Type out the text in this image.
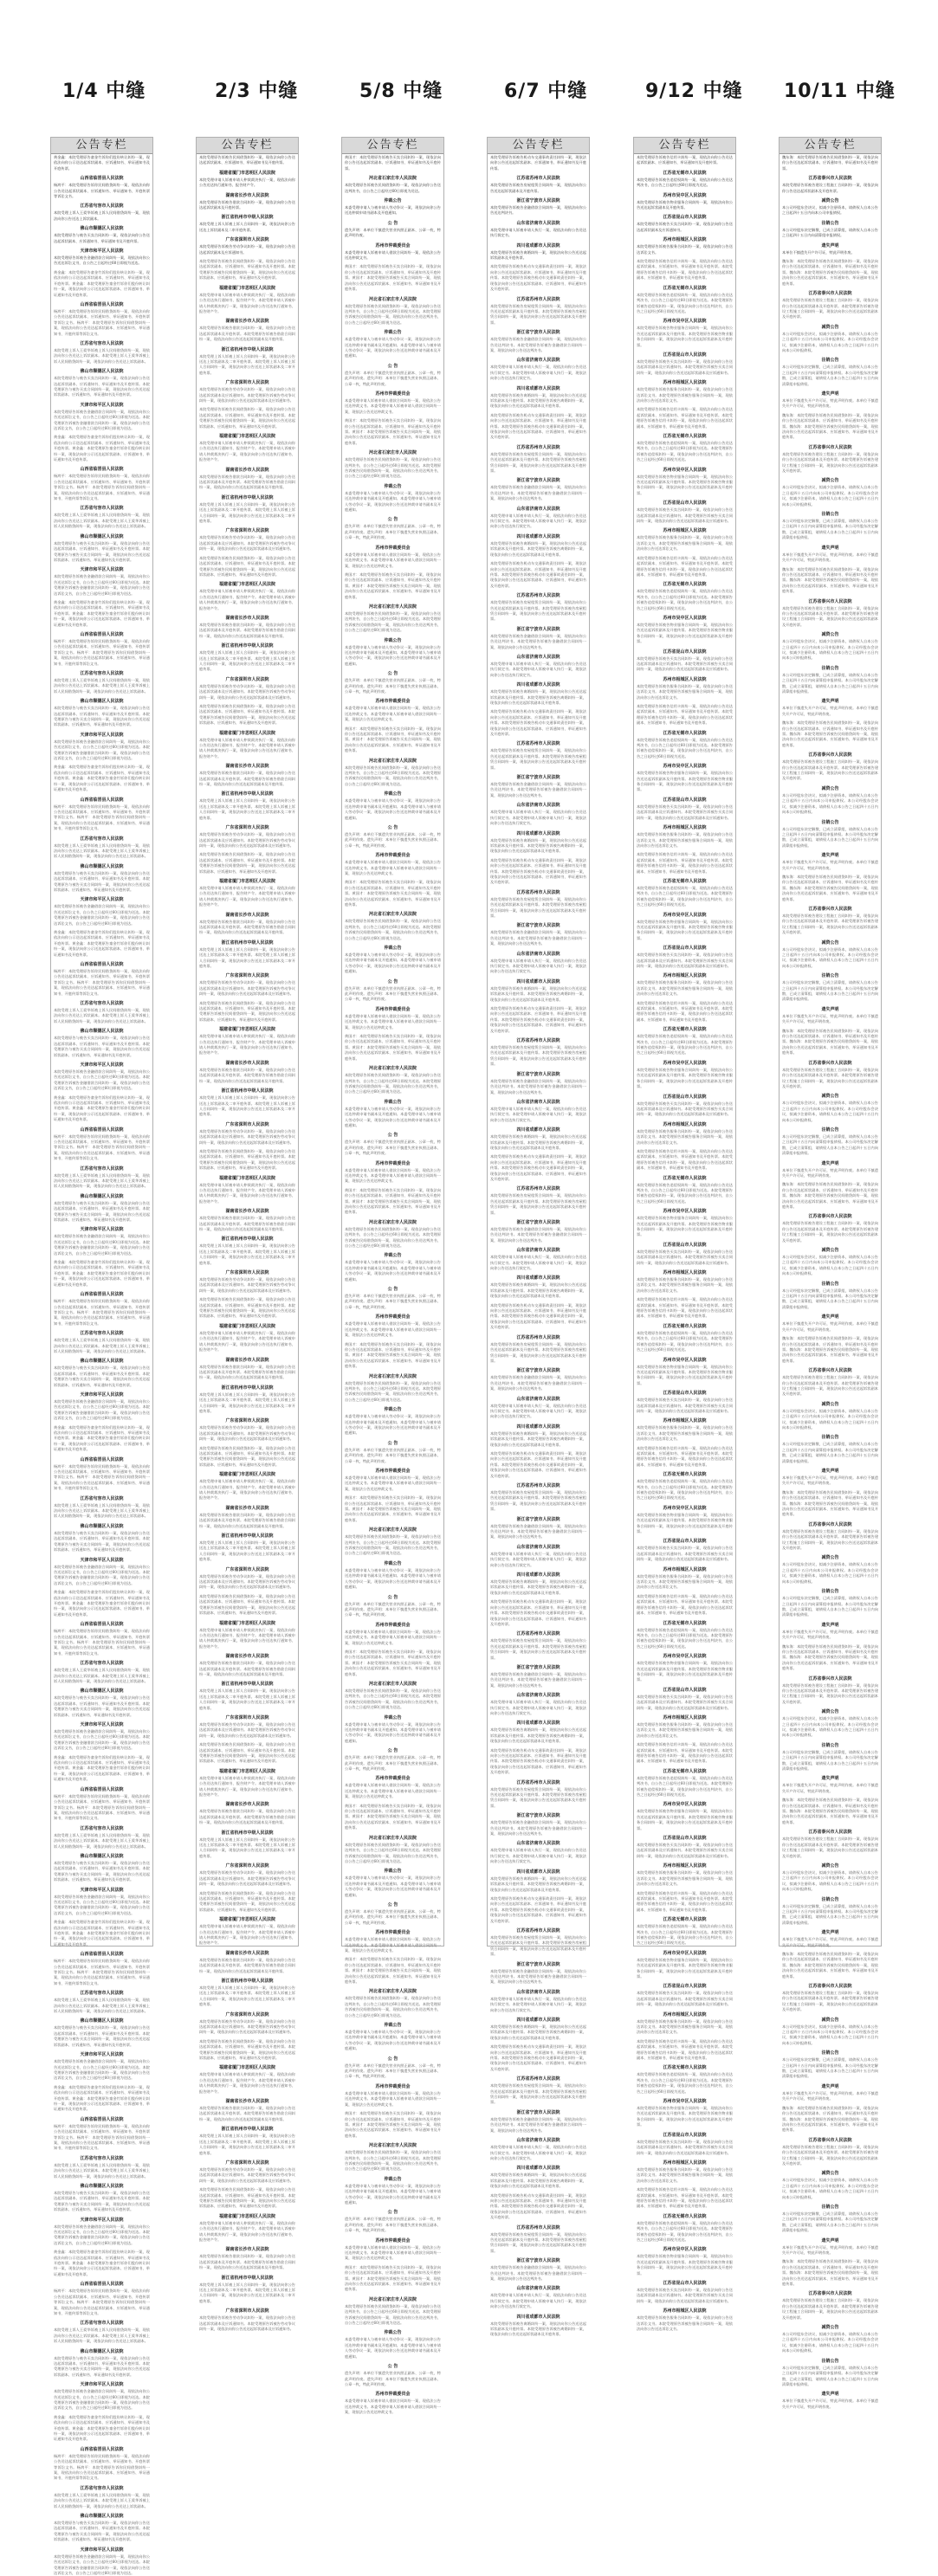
1/4 中缝	2/3 中缝	5/8 中缝	6/7 中缝	9/12 中缝 10/11 中缝
公告专栏
黄金鑫：本院受理原告童金竹诉你们股份转让纠纷一案，现依法向你公示送达起诉状副本、应诉通知书、举证通知书及开庭传票。
山西省临晋县人民法院
杨鸿平：本院受理原告诉你民间借贷纠纷一案，现依法向你公告送达起诉状副本、应诉通知书、举证通知书、开庭传票等诉讼文书。
江苏省句容市人民法院
本院受理上诉人王爱华诉被上诉人民间借贷纠纷一案，现依法向你公告送达上诉状副本。
佛山市顺德区人民法院
本院受理原告与被告买卖合同纠纷一案，现依法向你公告送达起诉状副本、应诉通知书、举证通知书及开庭传票。
天津市和平区人民法院
本院受理原告诉被告金融借款合同纠纷一案，现依法向你公告送达诉讼文书，自公告之日起经过60日即视为送达。
黄金鑫：本院受理原告童金竹诉你们股份转让纠纷一案，现依法向你公示送达起诉状副本、应诉通知书、举证通知书及开庭传票。黄金鑫：本院受理原告童金竹诉你们股份转让纠纷一案，现依法向你公示送达起诉状副本、应诉通知书、举证通知书及开庭传票。
山西省临晋县人民法院
杨鸿平：本院受理原告诉你民间借贷纠纷一案，现依法向你公告送达起诉状副本、应诉通知书、举证通知书、开庭传票等诉讼文书。杨鸿平：本院受理原告诉你民间借贷纠纷一案，现依法向你公告送达起诉状副本、应诉通知书、举证通知书、开庭传票等诉讼文书。
江苏省句容市人民法院
本院受理上诉人王爱华诉被上诉人民间借贷纠纷一案，现依法向你公告送达上诉状副本。本院受理上诉人王爱华诉被上诉人民间借贷纠纷一案，现依法向你公告送达上诉状副本。
佛山市顺德区人民法院
本院受理原告与被告买卖合同纠纷一案，现依法向你公告送达起诉状副本、应诉通知书、举证通知书及开庭传票。本院受理原告与被告买卖合同纠纷一案，现依法向你公告送达起诉状副本、应诉通知书、举证通知书及开庭传票。
天津市和平区人民法院
本院受理原告诉被告金融借款合同纠纷一案，现依法向你公告送达诉讼文书，自公告之日起经过60日即视为送达。本院受理原告诉被告金融借款合同纠纷一案，现依法向你公告送达诉讼文书，自公告之日起经过60日即视为送达。
黄金鑫：本院受理原告童金竹诉你们股份转让纠纷一案，现依法向你公示送达起诉状副本、应诉通知书、举证通知书及开庭传票。黄金鑫：本院受理原告童金竹诉你们股份转让纠纷一案，现依法向你公示送达起诉状副本、应诉通知书、举证通知书及开庭传票。
山西省临晋县人民法院
杨鸿平：本院受理原告诉你民间借贷纠纷一案，现依法向你公告送达起诉状副本、应诉通知书、举证通知书、开庭传票等诉讼文书。杨鸿平：本院受理原告诉你民间借贷纠纷一案，现依法向你公告送达起诉状副本、应诉通知书、举证通知书、开庭传票等诉讼文书。
江苏省句容市人民法院
本院受理上诉人王爱华诉被上诉人民间借贷纠纷一案，现依法向你公告送达上诉状副本。本院受理上诉人王爱华诉被上诉人民间借贷纠纷一案，现依法向你公告送达上诉状副本。
佛山市顺德区人民法院
本院受理原告与被告买卖合同纠纷一案，现依法向你公告送达起诉状副本、应诉通知书、举证通知书及开庭传票。本院受理原告与被告买卖合同纠纷一案，现依法向你公告送达起诉状副本、应诉通知书、举证通知书及开庭传票。
天津市和平区人民法院
本院受理原告诉被告金融借款合同纠纷一案，现依法向你公告送达诉讼文书，自公告之日起经过60日即视为送达。本院受理原告诉被告金融借款合同纠纷一案，现依法向你公告送达诉讼文书，自公告之日起经过60日即视为送达。
黄金鑫：本院受理原告童金竹诉你们股份转让纠纷一案，现依法向你公示送达起诉状副本、应诉通知书、举证通知书及开庭传票。黄金鑫：本院受理原告童金竹诉你们股份转让纠纷一案，现依法向你公示送达起诉状副本、应诉通知书、举证通知书及开庭传票。
山西省临晋县人民法院
杨鸿平：本院受理原告诉你民间借贷纠纷一案，现依法向你公告送达起诉状副本、应诉通知书、举证通知书、开庭传票等诉讼文书。杨鸿平：本院受理原告诉你民间借贷纠纷一案，现依法向你公告送达起诉状副本、应诉通知书、举证通知书、开庭传票等诉讼文书。
江苏省句容市人民法院
本院受理上诉人王爱华诉被上诉人民间借贷纠纷一案，现依法向你公告送达上诉状副本。本院受理上诉人王爱华诉被上诉人民间借贷纠纷一案，现依法向你公告送达上诉状副本。
佛山市顺德区人民法院
本院受理原告与被告买卖合同纠纷一案，现依法向你公告送达起诉状副本、应诉通知书、举证通知书及开庭传票。本院受理原告与被告买卖合同纠纷一案，现依法向你公告送达起诉状副本、应诉通知书、举证通知书及开庭传票。
天津市和平区人民法院
本院受理原告诉被告金融借款合同纠纷一案，现依法向你公告送达诉讼文书，自公告之日起经过60日即视为送达。本院受理原告诉被告金融借款合同纠纷一案，现依法向你公告送达诉讼文书，自公告之日起经过60日即视为送达。
黄金鑫：本院受理原告童金竹诉你们股份转让纠纷一案，现依法向你公示送达起诉状副本、应诉通知书、举证通知书及开庭传票。黄金鑫：本院受理原告童金竹诉你们股份转让纠纷一案，现依法向你公示送达起诉状副本、应诉通知书、举证通知书及开庭传票。
山西省临晋县人民法院
杨鸿平：本院受理原告诉你民间借贷纠纷一案，现依法向你公告送达起诉状副本、应诉通知书、举证通知书、开庭传票等诉讼文书。杨鸿平：本院受理原告诉你民间借贷纠纷一案，现依法向你公告送达起诉状副本、应诉通知书、举证通知书、开庭传票等诉讼文书。
江苏省句容市人民法院
本院受理上诉人王爱华诉被上诉人民间借贷纠纷一案，现依法向你公告送达上诉状副本。本院受理上诉人王爱华诉被上诉人民间借贷纠纷一案，现依法向你公告送达上诉状副本。
佛山市顺德区人民法院
本院受理原告与被告买卖合同纠纷一案，现依法向你公告送达起诉状副本、应诉通知书、举证通知书及开庭传票。本院受理原告与被告买卖合同纠纷一案，现依法向你公告送达起诉状副本、应诉通知书、举证通知书及开庭传票。
天津市和平区人民法院
本院受理原告诉被告金融借款合同纠纷一案，现依法向你公告送达诉讼文书，自公告之日起经过60日即视为送达。本院受理原告诉被告金融借款合同纠纷一案，现依法向你公告送达诉讼文书，自公告之日起经过60日即视为送达。
黄金鑫：本院受理原告童金竹诉你们股份转让纠纷一案，现依法向你公示送达起诉状副本、应诉通知书、举证通知书及开庭传票。黄金鑫：本院受理原告童金竹诉你们股份转让纠纷一案，现依法向你公示送达起诉状副本、应诉通知书、举证通知书及开庭传票。
山西省临晋县人民法院
杨鸿平：本院受理原告诉你民间借贷纠纷一案，现依法向你公告送达起诉状副本、应诉通知书、举证通知书、开庭传票等诉讼文书。杨鸿平：本院受理原告诉你民间借贷纠纷一案，现依法向你公告送达起诉状副本、应诉通知书、举证通知书、开庭传票等诉讼文书。
江苏省句容市人民法院
本院受理上诉人王爱华诉被上诉人民间借贷纠纷一案，现依法向你公告送达上诉状副本。本院受理上诉人王爱华诉被上诉人民间借贷纠纷一案，现依法向你公告送达上诉状副本。
佛山市顺德区人民法院
本院受理原告与被告买卖合同纠纷一案，现依法向你公告送达起诉状副本、应诉通知书、举证通知书及开庭传票。本院受理原告与被告买卖合同纠纷一案，现依法向你公告送达起诉状副本、应诉通知书、举证通知书及开庭传票。
天津市和平区人民法院
本院受理原告诉被告金融借款合同纠纷一案，现依法向你公告送达诉讼文书，自公告之日起经过60日即视为送达。本院受理原告诉被告金融借款合同纠纷一案，现依法向你公告送达诉讼文书，自公告之日起经过60日即视为送达。
黄金鑫：本院受理原告童金竹诉你们股份转让纠纷一案，现依法向你公示送达起诉状副本、应诉通知书、举证通知书及开庭传票。黄金鑫：本院受理原告童金竹诉你们股份转让纠纷一案，现依法向你公示送达起诉状副本、应诉通知书、举证通知书及开庭传票。
山西省临晋县人民法院
杨鸿平：本院受理原告诉你民间借贷纠纷一案，现依法向你公告送达起诉状副本、应诉通知书、举证通知书、开庭传票等诉讼文书。杨鸿平：本院受理原告诉你民间借贷纠纷一案，现依法向你公告送达起诉状副本、应诉通知书、举证通知书、开庭传票等诉讼文书。
江苏省句容市人民法院
本院受理上诉人王爱华诉被上诉人民间借贷纠纷一案，现依法向你公告送达上诉状副本。本院受理上诉人王爱华诉被上诉人民间借贷纠纷一案，现依法向你公告送达上诉状副本。
佛山市顺德区人民法院
本院受理原告与被告买卖合同纠纷一案，现依法向你公告送达起诉状副本、应诉通知书、举证通知书及开庭传票。本院受理原告与被告买卖合同纠纷一案，现依法向你公告送达起诉状副本、应诉通知书、举证通知书及开庭传票。
天津市和平区人民法院
本院受理原告诉被告金融借款合同纠纷一案，现依法向你公告送达诉讼文书，自公告之日起经过60日即视为送达。本院受理原告诉被告金融借款合同纠纷一案，现依法向你公告送达诉讼文书，自公告之日起经过60日即视为送达。
黄金鑫：本院受理原告童金竹诉你们股份转让纠纷一案，现依法向你公示送达起诉状副本、应诉通知书、举证通知书及开庭传票。黄金鑫：本院受理原告童金竹诉你们股份转让纠纷一案，现依法向你公示送达起诉状副本、应诉通知书、举证通知书及开庭传票。
山西省临晋县人民法院
杨鸿平：本院受理原告诉你民间借贷纠纷一案，现依法向你公告送达起诉状副本、应诉通知书、举证通知书、开庭传票等诉讼文书。杨鸿平：本院受理原告诉你民间借贷纠纷一案，现依法向你公告送达起诉状副本、应诉通知书、举证通知书、开庭传票等诉讼文书。
江苏省句容市人民法院
本院受理上诉人王爱华诉被上诉人民间借贷纠纷一案，现依法向你公告送达上诉状副本。本院受理上诉人王爱华诉被上诉人民间借贷纠纷一案，现依法向你公告送达上诉状副本。
佛山市顺德区人民法院
本院受理原告与被告买卖合同纠纷一案，现依法向你公告送达起诉状副本、应诉通知书、举证通知书及开庭传票。本院受理原告与被告买卖合同纠纷一案，现依法向你公告送达起诉状副本、应诉通知书、举证通知书及开庭传票。
天津市和平区人民法院
本院受理原告诉被告金融借款合同纠纷一案，现依法向你公告送达诉讼文书，自公告之日起经过60日即视为送达。本院受理原告诉被告金融借款合同纠纷一案，现依法向你公告送达诉讼文书，自公告之日起经过60日即视为送达。
黄金鑫：本院受理原告童金竹诉你们股份转让纠纷一案，现依法向你公示送达起诉状副本、应诉通知书、举证通知书及开庭传票。黄金鑫：本院受理原告童金竹诉你们股份转让纠纷一案，现依法向你公示送达起诉状副本、应诉通知书、举证通知书及开庭传票。
山西省临晋县人民法院
杨鸿平：本院受理原告诉你民间借贷纠纷一案，现依法向你公告送达起诉状副本、应诉通知书、举证通知书、开庭传票等诉讼文书。杨鸿平：本院受理原告诉你民间借贷纠纷一案，现依法向你公告送达起诉状副本、应诉通知书、举证通知书、开庭传票等诉讼文书。
江苏省句容市人民法院
本院受理上诉人王爱华诉被上诉人民间借贷纠纷一案，现依法向你公告送达上诉状副本。本院受理上诉人王爱华诉被上诉人民间借贷纠纷一案，现依法向你公告送达上诉状副本。
佛山市顺德区人民法院
本院受理原告与被告买卖合同纠纷一案，现依法向你公告送达起诉状副本、应诉通知书、举证通知书及开庭传票。本院受理原告与被告买卖合同纠纷一案，现依法向你公告送达起诉状副本、应诉通知书、举证通知书及开庭传票。
天津市和平区人民法院
本院受理原告诉被告金融借款合同纠纷一案，现依法向你公告送达诉讼文书，自公告之日起经过60日即视为送达。本院受理原告诉被告金融借款合同纠纷一案，现依法向你公告送达诉讼文书，自公告之日起经过60日即视为送达。
黄金鑫：本院受理原告童金竹诉你们股份转让纠纷一案，现依法向你公示送达起诉状副本、应诉通知书、举证通知书及开庭传票。黄金鑫：本院受理原告童金竹诉你们股份转让纠纷一案，现依法向你公示送达起诉状副本、应诉通知书、举证通知书及开庭传票。
山西省临晋县人民法院
杨鸿平：本院受理原告诉你民间借贷纠纷一案，现依法向你公告送达起诉状副本、应诉通知书、举证通知书、开庭传票等诉讼文书。杨鸿平：本院受理原告诉你民间借贷纠纷一案，现依法向你公告送达起诉状副本、应诉通知书、举证通知书、开庭传票等诉讼文书。
江苏省句容市人民法院
本院受理上诉人王爱华诉被上诉人民间借贷纠纷一案，现依法向你公告送达上诉状副本。本院受理上诉人王爱华诉被上诉人民间借贷纠纷一案，现依法向你公告送达上诉状副本。
佛山市顺德区人民法院
本院受理原告与被告买卖合同纠纷一案，现依法向你公告送达起诉状副本、应诉通知书、举证通知书及开庭传票。本院受理原告与被告买卖合同纠纷一案，现依法向你公告送达起诉状副本、应诉通知书、举证通知书及开庭传票。
天津市和平区人民法院
本院受理原告诉被告金融借款合同纠纷一案，现依法向你公告送达诉讼文书，自公告之日起经过60日即视为送达。本院受理原告诉被告金融借款合同纠纷一案，现依法向你公告送达诉讼文书，自公告之日起经过60日即视为送达。
黄金鑫：本院受理原告童金竹诉你们股份转让纠纷一案，现依法向你公示送达起诉状副本、应诉通知书、举证通知书及开庭传票。黄金鑫：本院受理原告童金竹诉你们股份转让纠纷一案，现依法向你公示送达起诉状副本、应诉通知书、举证通知书及开庭传票。
山西省临晋县人民法院
杨鸿平：本院受理原告诉你民间借贷纠纷一案，现依法向你公告送达起诉状副本、应诉通知书、举证通知书、开庭传票等诉讼文书。杨鸿平：本院受理原告诉你民间借贷纠纷一案，现依法向你公告送达起诉状副本、应诉通知书、举证通知书、开庭传票等诉讼文书。
江苏省句容市人民法院
本院受理上诉人王爱华诉被上诉人民间借贷纠纷一案，现依法向你公告送达上诉状副本。本院受理上诉人王爱华诉被上诉人民间借贷纠纷一案，现依法向你公告送达上诉状副本。
佛山市顺德区人民法院
本院受理原告与被告买卖合同纠纷一案，现依法向你公告送达起诉状副本、应诉通知书、举证通知书及开庭传票。本院受理原告与被告买卖合同纠纷一案，现依法向你公告送达起诉状副本、应诉通知书、举证通知书及开庭传票。
天津市和平区人民法院
本院受理原告诉被告金融借款合同纠纷一案，现依法向你公告送达诉讼文书，自公告之日起经过60日即视为送达。本院受理原告诉被告金融借款合同纠纷一案，现依法向你公告送达诉讼文书，自公告之日起经过60日即视为送达。
黄金鑫：本院受理原告童金竹诉你们股份转让纠纷一案，现依法向你公示送达起诉状副本、应诉通知书、举证通知书及开庭传票。黄金鑫：本院受理原告童金竹诉你们股份转让纠纷一案，现依法向你公示送达起诉状副本、应诉通知书、举证通知书及开庭传票。
山西省临晋县人民法院
杨鸿平：本院受理原告诉你民间借贷纠纷一案，现依法向你公告送达起诉状副本、应诉通知书、举证通知书、开庭传票等诉讼文书。杨鸿平：本院受理原告诉你民间借贷纠纷一案，现依法向你公告送达起诉状副本、应诉通知书、举证通知书、开庭传票等诉讼文书。
江苏省句容市人民法院
本院受理上诉人王爱华诉被上诉人民间借贷纠纷一案，现依法向你公告送达上诉状副本。本院受理上诉人王爱华诉被上诉人民间借贷纠纷一案，现依法向你公告送达上诉状副本。
佛山市顺德区人民法院
本院受理原告与被告买卖合同纠纷一案，现依法向你公告送达起诉状副本、应诉通知书、举证通知书及开庭传票。本院受理原告与被告买卖合同纠纷一案，现依法向你公告送达起诉状副本、应诉通知书、举证通知书及开庭传票。
天津市和平区人民法院
本院受理原告诉被告金融借款合同纠纷一案，现依法向你公告送达诉讼文书，自公告之日起经过60日即视为送达。本院受理原告诉被告金融借款合同纠纷一案，现依法向你公告送达诉讼文书，自公告之日起经过60日即视为送达。
黄金鑫：本院受理原告童金竹诉你们股份转让纠纷一案，现依法向你公示送达起诉状副本、应诉通知书、举证通知书及开庭传票。黄金鑫：本院受理原告童金竹诉你们股份转让纠纷一案，现依法向你公示送达起诉状副本、应诉通知书、举证通知书及开庭传票。
山西省临晋县人民法院
杨鸿平：本院受理原告诉你民间借贷纠纷一案，现依法向你公告送达起诉状副本、应诉通知书、举证通知书、开庭传票等诉讼文书。杨鸿平：本院受理原告诉你民间借贷纠纷一案，现依法向你公告送达起诉状副本、应诉通知书、举证通知书、开庭传票等诉讼文书。
江苏省句容市人民法院
本院受理上诉人王爱华诉被上诉人民间借贷纠纷一案，现依法向你公告送达上诉状副本。本院受理上诉人王爱华诉被上诉人民间借贷纠纷一案，现依法向你公告送达上诉状副本。
佛山市顺德区人民法院
本院受理原告与被告买卖合同纠纷一案，现依法向你公告送达起诉状副本、应诉通知书、举证通知书及开庭传票。本院受理原告与被告买卖合同纠纷一案，现依法向你公告送达起诉状副本、应诉通知书、举证通知书及开庭传票。
天津市和平区人民法院
本院受理原告诉被告金融借款合同纠纷一案，现依法向你公告送达诉讼文书，自公告之日起经过60日即视为送达。本院受理原告诉被告金融借款合同纠纷一案，现依法向你公告送达诉讼文书，自公告之日起经过60日即视为送达。
黄金鑫：本院受理原告童金竹诉你们股份转让纠纷一案，现依法向你公示送达起诉状副本、应诉通知书、举证通知书及开庭传票。黄金鑫：本院受理原告童金竹诉你们股份转让纠纷一案，现依法向你公示送达起诉状副本、应诉通知书、举证通知书及开庭传票。
山西省临晋县人民法院
杨鸿平：本院受理原告诉你民间借贷纠纷一案，现依法向你公告送达起诉状副本、应诉通知书、举证通知书、开庭传票等诉讼文书。杨鸿平：本院受理原告诉你民间借贷纠纷一案，现依法向你公告送达起诉状副本、应诉通知书、举证通知书、开庭传票等诉讼文书。
江苏省句容市人民法院
本院受理上诉人王爱华诉被上诉人民间借贷纠纷一案，现依法向你公告送达上诉状副本。本院受理上诉人王爱华诉被上诉人民间借贷纠纷一案，现依法向你公告送达上诉状副本。
佛山市顺德区人民法院
本院受理原告与被告买卖合同纠纷一案，现依法向你公告送达起诉状副本、应诉通知书、举证通知书及开庭传票。本院受理原告与被告买卖合同纠纷一案，现依法向你公告送达起诉状副本、应诉通知书、举证通知书及开庭传票。
天津市和平区人民法院
本院受理原告诉被告金融借款合同纠纷一案，现依法向你公告送达诉讼文书，自公告之日起经过60日即视为送达。本院受理原告诉被告金融借款合同纠纷一案，现依法向你公告送达诉讼文书，自公告之日起经过60日即视为送达。
黄金鑫：本院受理原告童金竹诉你们股份转让纠纷一案，现依法向你公示送达起诉状副本、应诉通知书、举证通知书及开庭传票。黄金鑫：本院受理原告童金竹诉你们股份转让纠纷一案，现依法向你公示送达起诉状副本、应诉通知书、举证通知书及开庭传票。
山西省临晋县人民法院
杨鸿平：本院受理原告诉你民间借贷纠纷一案，现依法向你公告送达起诉状副本、应诉通知书、举证通知书、开庭传票等诉讼文书。杨鸿平：本院受理原告诉你民间借贷纠纷一案，现依法向你公告送达起诉状副本、应诉通知书、举证通知书、开庭传票等诉讼文书。
江苏省句容市人民法院
本院受理上诉人王爱华诉被上诉人民间借贷纠纷一案，现依法向你公告送达上诉状副本。本院受理上诉人王爱华诉被上诉人民间借贷纠纷一案，现依法向你公告送达上诉状副本。
佛山市顺德区人民法院
本院受理原告与被告买卖合同纠纷一案，现依法向你公告送达起诉状副本、应诉通知书、举证通知书及开庭传票。本院受理原告与被告买卖合同纠纷一案，现依法向你公告送达起诉状副本、应诉通知书、举证通知书及开庭传票。
天津市和平区人民法院
本院受理原告诉被告金融借款合同纠纷一案，现依法向你公告送达诉讼文书，自公告之日起经过60日即视为送达。本院受理原告诉被告金融借款合同纠纷一案，现依法向你公告送达诉讼文书，自公告之日起经过60日即视为送达。
公告专栏
本院受理原告诉被告民间借贷纠纷一案，现依法向你公告送达起诉状副本、应诉通知书、举证通知书及开庭传票。
福建省厦门市思明区人民法院
本院受理申请人诉被申请人仲裁裁决执行一案，现依法向你公告送达执行通知书、报告财产令。
湖南省长沙市人民法院
本院受理原告诉被告借款合同纠纷一案，现依法向你公告送达起诉状副本及开庭传票。
浙江省杭州市中级人民法院
本院受理上诉人诉被上诉人合同纠纷一案，现依法向你公告送达上诉状副本及二审开庭传票。
广东省深圳市人民法院
本院受理原告诉被告劳动争议纠纷一案，现依法向你公告送达起诉状副本及应诉通知书。
本院受理原告诉被告民间借贷纠纷一案，现依法向你公告送达起诉状副本、应诉通知书、举证通知书及开庭传票。本院受理原告诉被告民间借贷纠纷一案，现依法向你公告送达起诉状副本、应诉通知书、举证通知书及开庭传票。
福建省厦门市思明区人民法院
本院受理申请人诉被申请人仲裁裁决执行一案，现依法向你公告送达执行通知书、报告财产令。本院受理申请人诉被申请人仲裁裁决执行一案，现依法向你公告送达执行通知书、报告财产令。
湖南省长沙市人民法院
本院受理原告诉被告借款合同纠纷一案，现依法向你公告送达起诉状副本及开庭传票。本院受理原告诉被告借款合同纠纷一案，现依法向你公告送达起诉状副本及开庭传票。
浙江省杭州市中级人民法院
本院受理上诉人诉被上诉人合同纠纷一案，现依法向你公告送达上诉状副本及二审开庭传票。本院受理上诉人诉被上诉人合同纠纷一案，现依法向你公告送达上诉状副本及二审开庭传票。
广东省深圳市人民法院
本院受理原告诉被告劳动争议纠纷一案，现依法向你公告送达起诉状副本及应诉通知书。本院受理原告诉被告劳动争议纠纷一案，现依法向你公告送达起诉状副本及应诉通知书。
本院受理原告诉被告民间借贷纠纷一案，现依法向你公告送达起诉状副本、应诉通知书、举证通知书及开庭传票。本院受理原告诉被告民间借贷纠纷一案，现依法向你公告送达起诉状副本、应诉通知书、举证通知书及开庭传票。
福建省厦门市思明区人民法院
本院受理申请人诉被申请人仲裁裁决执行一案，现依法向你公告送达执行通知书、报告财产令。本院受理申请人诉被申请人仲裁裁决执行一案，现依法向你公告送达执行通知书、报告财产令。
湖南省长沙市人民法院
本院受理原告诉被告借款合同纠纷一案，现依法向你公告送达起诉状副本及开庭传票。本院受理原告诉被告借款合同纠纷一案，现依法向你公告送达起诉状副本及开庭传票。
浙江省杭州市中级人民法院
本院受理上诉人诉被上诉人合同纠纷一案，现依法向你公告送达上诉状副本及二审开庭传票。本院受理上诉人诉被上诉人合同纠纷一案，现依法向你公告送达上诉状副本及二审开庭传票。
广东省深圳市人民法院
本院受理原告诉被告劳动争议纠纷一案，现依法向你公告送达起诉状副本及应诉通知书。本院受理原告诉被告劳动争议纠纷一案，现依法向你公告送达起诉状副本及应诉通知书。
本院受理原告诉被告民间借贷纠纷一案，现依法向你公告送达起诉状副本、应诉通知书、举证通知书及开庭传票。本院受理原告诉被告民间借贷纠纷一案，现依法向你公告送达起诉状副本、应诉通知书、举证通知书及开庭传票。
福建省厦门市思明区人民法院
本院受理申请人诉被申请人仲裁裁决执行一案，现依法向你公告送达执行通知书、报告财产令。本院受理申请人诉被申请人仲裁裁决执行一案，现依法向你公告送达执行通知书、报告财产令。
湖南省长沙市人民法院
本院受理原告诉被告借款合同纠纷一案，现依法向你公告送达起诉状副本及开庭传票。本院受理原告诉被告借款合同纠纷一案，现依法向你公告送达起诉状副本及开庭传票。
浙江省杭州市中级人民法院
本院受理上诉人诉被上诉人合同纠纷一案，现依法向你公告送达上诉状副本及二审开庭传票。本院受理上诉人诉被上诉人合同纠纷一案，现依法向你公告送达上诉状副本及二审开庭传票。
广东省深圳市人民法院
本院受理原告诉被告劳动争议纠纷一案，现依法向你公告送达起诉状副本及应诉通知书。本院受理原告诉被告劳动争议纠纷一案，现依法向你公告送达起诉状副本及应诉通知书。
本院受理原告诉被告民间借贷纠纷一案，现依法向你公告送达起诉状副本、应诉通知书、举证通知书及开庭传票。本院受理原告诉被告民间借贷纠纷一案，现依法向你公告送达起诉状副本、应诉通知书、举证通知书及开庭传票。
福建省厦门市思明区人民法院
本院受理申请人诉被申请人仲裁裁决执行一案，现依法向你公告送达执行通知书、报告财产令。本院受理申请人诉被申请人仲裁裁决执行一案，现依法向你公告送达执行通知书、报告财产令。
湖南省长沙市人民法院
本院受理原告诉被告借款合同纠纷一案，现依法向你公告送达起诉状副本及开庭传票。本院受理原告诉被告借款合同纠纷一案，现依法向你公告送达起诉状副本及开庭传票。
浙江省杭州市中级人民法院
本院受理上诉人诉被上诉人合同纠纷一案，现依法向你公告送达上诉状副本及二审开庭传票。本院受理上诉人诉被上诉人合同纠纷一案，现依法向你公告送达上诉状副本及二审开庭传票。
广东省深圳市人民法院
本院受理原告诉被告劳动争议纠纷一案，现依法向你公告送达起诉状副本及应诉通知书。本院受理原告诉被告劳动争议纠纷一案，现依法向你公告送达起诉状副本及应诉通知书。
本院受理原告诉被告民间借贷纠纷一案，现依法向你公告送达起诉状副本、应诉通知书、举证通知书及开庭传票。本院受理原告诉被告民间借贷纠纷一案，现依法向你公告送达起诉状副本、应诉通知书、举证通知书及开庭传票。
福建省厦门市思明区人民法院
本院受理申请人诉被申请人仲裁裁决执行一案，现依法向你公告送达执行通知书、报告财产令。本院受理申请人诉被申请人仲裁裁决执行一案，现依法向你公告送达执行通知书、报告财产令。
湖南省长沙市人民法院
本院受理原告诉被告借款合同纠纷一案，现依法向你公告送达起诉状副本及开庭传票。本院受理原告诉被告借款合同纠纷一案，现依法向你公告送达起诉状副本及开庭传票。
浙江省杭州市中级人民法院
本院受理上诉人诉被上诉人合同纠纷一案，现依法向你公告送达上诉状副本及二审开庭传票。本院受理上诉人诉被上诉人合同纠纷一案，现依法向你公告送达上诉状副本及二审开庭传票。
广东省深圳市人民法院
本院受理原告诉被告劳动争议纠纷一案，现依法向你公告送达起诉状副本及应诉通知书。本院受理原告诉被告劳动争议纠纷一案，现依法向你公告送达起诉状副本及应诉通知书。
本院受理原告诉被告民间借贷纠纷一案，现依法向你公告送达起诉状副本、应诉通知书、举证通知书及开庭传票。本院受理原告诉被告民间借贷纠纷一案，现依法向你公告送达起诉状副本、应诉通知书、举证通知书及开庭传票。
福建省厦门市思明区人民法院
本院受理申请人诉被申请人仲裁裁决执行一案，现依法向你公告送达执行通知书、报告财产令。本院受理申请人诉被申请人仲裁裁决执行一案，现依法向你公告送达执行通知书、报告财产令。
湖南省长沙市人民法院
本院受理原告诉被告借款合同纠纷一案，现依法向你公告送达起诉状副本及开庭传票。本院受理原告诉被告借款合同纠纷一案，现依法向你公告送达起诉状副本及开庭传票。
浙江省杭州市中级人民法院
本院受理上诉人诉被上诉人合同纠纷一案，现依法向你公告送达上诉状副本及二审开庭传票。本院受理上诉人诉被上诉人合同纠纷一案，现依法向你公告送达上诉状副本及二审开庭传票。
广东省深圳市人民法院
本院受理原告诉被告劳动争议纠纷一案，现依法向你公告送达起诉状副本及应诉通知书。本院受理原告诉被告劳动争议纠纷一案，现依法向你公告送达起诉状副本及应诉通知书。
本院受理原告诉被告民间借贷纠纷一案，现依法向你公告送达起诉状副本、应诉通知书、举证通知书及开庭传票。本院受理原告诉被告民间借贷纠纷一案，现依法向你公告送达起诉状副本、应诉通知书、举证通知书及开庭传票。
福建省厦门市思明区人民法院
本院受理申请人诉被申请人仲裁裁决执行一案，现依法向你公告送达执行通知书、报告财产令。本院受理申请人诉被申请人仲裁裁决执行一案，现依法向你公告送达执行通知书、报告财产令。
湖南省长沙市人民法院
本院受理原告诉被告借款合同纠纷一案，现依法向你公告送达起诉状副本及开庭传票。本院受理原告诉被告借款合同纠纷一案，现依法向你公告送达起诉状副本及开庭传票。
浙江省杭州市中级人民法院
本院受理上诉人诉被上诉人合同纠纷一案，现依法向你公告送达上诉状副本及二审开庭传票。本院受理上诉人诉被上诉人合同纠纷一案，现依法向你公告送达上诉状副本及二审开庭传票。
广东省深圳市人民法院
本院受理原告诉被告劳动争议纠纷一案，现依法向你公告送达起诉状副本及应诉通知书。本院受理原告诉被告劳动争议纠纷一案，现依法向你公告送达起诉状副本及应诉通知书。
本院受理原告诉被告民间借贷纠纷一案，现依法向你公告送达起诉状副本、应诉通知书、举证通知书及开庭传票。本院受理原告诉被告民间借贷纠纷一案，现依法向你公告送达起诉状副本、应诉通知书、举证通知书及开庭传票。
福建省厦门市思明区人民法院
本院受理申请人诉被申请人仲裁裁决执行一案，现依法向你公告送达执行通知书、报告财产令。本院受理申请人诉被申请人仲裁裁决执行一案，现依法向你公告送达执行通知书、报告财产令。
湖南省长沙市人民法院
本院受理原告诉被告借款合同纠纷一案，现依法向你公告送达起诉状副本及开庭传票。本院受理原告诉被告借款合同纠纷一案，现依法向你公告送达起诉状副本及开庭传票。
浙江省杭州市中级人民法院
本院受理上诉人诉被上诉人合同纠纷一案，现依法向你公告送达上诉状副本及二审开庭传票。本院受理上诉人诉被上诉人合同纠纷一案，现依法向你公告送达上诉状副本及二审开庭传票。
广东省深圳市人民法院
本院受理原告诉被告劳动争议纠纷一案，现依法向你公告送达起诉状副本及应诉通知书。本院受理原告诉被告劳动争议纠纷一案，现依法向你公告送达起诉状副本及应诉通知书。
本院受理原告诉被告民间借贷纠纷一案，现依法向你公告送达起诉状副本、应诉通知书、举证通知书及开庭传票。本院受理原告诉被告民间借贷纠纷一案，现依法向你公告送达起诉状副本、应诉通知书、举证通知书及开庭传票。
福建省厦门市思明区人民法院
本院受理申请人诉被申请人仲裁裁决执行一案，现依法向你公告送达执行通知书、报告财产令。本院受理申请人诉被申请人仲裁裁决执行一案，现依法向你公告送达执行通知书、报告财产令。
湖南省长沙市人民法院
本院受理原告诉被告借款合同纠纷一案，现依法向你公告送达起诉状副本及开庭传票。本院受理原告诉被告借款合同纠纷一案，现依法向你公告送达起诉状副本及开庭传票。
浙江省杭州市中级人民法院
本院受理上诉人诉被上诉人合同纠纷一案，现依法向你公告送达上诉状副本及二审开庭传票。本院受理上诉人诉被上诉人合同纠纷一案，现依法向你公告送达上诉状副本及二审开庭传票。
广东省深圳市人民法院
本院受理原告诉被告劳动争议纠纷一案，现依法向你公告送达起诉状副本及应诉通知书。本院受理原告诉被告劳动争议纠纷一案，现依法向你公告送达起诉状副本及应诉通知书。
本院受理原告诉被告民间借贷纠纷一案，现依法向你公告送达起诉状副本、应诉通知书、举证通知书及开庭传票。本院受理原告诉被告民间借贷纠纷一案，现依法向你公告送达起诉状副本、应诉通知书、举证通知书及开庭传票。
福建省厦门市思明区人民法院
本院受理申请人诉被申请人仲裁裁决执行一案，现依法向你公告送达执行通知书、报告财产令。本院受理申请人诉被申请人仲裁裁决执行一案，现依法向你公告送达执行通知书、报告财产令。
湖南省长沙市人民法院
本院受理原告诉被告借款合同纠纷一案，现依法向你公告送达起诉状副本及开庭传票。本院受理原告诉被告借款合同纠纷一案，现依法向你公告送达起诉状副本及开庭传票。
浙江省杭州市中级人民法院
本院受理上诉人诉被上诉人合同纠纷一案，现依法向你公告送达上诉状副本及二审开庭传票。本院受理上诉人诉被上诉人合同纠纷一案，现依法向你公告送达上诉状副本及二审开庭传票。
广东省深圳市人民法院
本院受理原告诉被告劳动争议纠纷一案，现依法向你公告送达起诉状副本及应诉通知书。本院受理原告诉被告劳动争议纠纷一案，现依法向你公告送达起诉状副本及应诉通知书。
本院受理原告诉被告民间借贷纠纷一案，现依法向你公告送达起诉状副本、应诉通知书、举证通知书及开庭传票。本院受理原告诉被告民间借贷纠纷一案，现依法向你公告送达起诉状副本、应诉通知书、举证通知书及开庭传票。
福建省厦门市思明区人民法院
本院受理申请人诉被申请人仲裁裁决执行一案，现依法向你公告送达执行通知书、报告财产令。本院受理申请人诉被申请人仲裁裁决执行一案，现依法向你公告送达执行通知书、报告财产令。
湖南省长沙市人民法院
本院受理原告诉被告借款合同纠纷一案，现依法向你公告送达起诉状副本及开庭传票。本院受理原告诉被告借款合同纠纷一案，现依法向你公告送达起诉状副本及开庭传票。
浙江省杭州市中级人民法院
本院受理上诉人诉被上诉人合同纠纷一案，现依法向你公告送达上诉状副本及二审开庭传票。本院受理上诉人诉被上诉人合同纠纷一案，现依法向你公告送达上诉状副本及二审开庭传票。
广东省深圳市人民法院
本院受理原告诉被告劳动争议纠纷一案，现依法向你公告送达起诉状副本及应诉通知书。本院受理原告诉被告劳动争议纠纷一案，现依法向你公告送达起诉状副本及应诉通知书。
本院受理原告诉被告民间借贷纠纷一案，现依法向你公告送达起诉状副本、应诉通知书、举证通知书及开庭传票。本院受理原告诉被告民间借贷纠纷一案，现依法向你公告送达起诉状副本、应诉通知书、举证通知书及开庭传票。
福建省厦门市思明区人民法院
本院受理申请人诉被申请人仲裁裁决执行一案，现依法向你公告送达执行通知书、报告财产令。本院受理申请人诉被申请人仲裁裁决执行一案，现依法向你公告送达执行通知书、报告财产令。
湖南省长沙市人民法院
本院受理原告诉被告借款合同纠纷一案，现依法向你公告送达起诉状副本及开庭传票。本院受理原告诉被告借款合同纠纷一案，现依法向你公告送达起诉状副本及开庭传票。
浙江省杭州市中级人民法院
本院受理上诉人诉被上诉人合同纠纷一案，现依法向你公告送达上诉状副本及二审开庭传票。本院受理上诉人诉被上诉人合同纠纷一案，现依法向你公告送达上诉状副本及二审开庭传票。
广东省深圳市人民法院
本院受理原告诉被告劳动争议纠纷一案，现依法向你公告送达起诉状副本及应诉通知书。本院受理原告诉被告劳动争议纠纷一案，现依法向你公告送达起诉状副本及应诉通知书。
本院受理原告诉被告民间借贷纠纷一案，现依法向你公告送达起诉状副本、应诉通知书、举证通知书及开庭传票。本院受理原告诉被告民间借贷纠纷一案，现依法向你公告送达起诉状副本、应诉通知书、举证通知书及开庭传票。
福建省厦门市思明区人民法院
本院受理申请人诉被申请人仲裁裁决执行一案，现依法向你公告送达执行通知书、报告财产令。本院受理申请人诉被申请人仲裁裁决执行一案，现依法向你公告送达执行通知书、报告财产令。
湖南省长沙市人民法院
本院受理原告诉被告借款合同纠纷一案，现依法向你公告送达起诉状副本及开庭传票。本院受理原告诉被告借款合同纠纷一案，现依法向你公告送达起诉状副本及开庭传票。
浙江省杭州市中级人民法院
本院受理上诉人诉被上诉人合同纠纷一案，现依法向你公告送达上诉状副本及二审开庭传票。本院受理上诉人诉被上诉人合同纠纷一案，现依法向你公告送达上诉状副本及二审开庭传票。
广东省深圳市人民法院
本院受理原告诉被告劳动争议纠纷一案，现依法向你公告送达起诉状副本及应诉通知书。本院受理原告诉被告劳动争议纠纷一案，现依法向你公告送达起诉状副本及应诉通知书。
本院受理原告诉被告民间借贷纠纷一案，现依法向你公告送达起诉状副本、应诉通知书、举证通知书及开庭传票。本院受理原告诉被告民间借贷纠纷一案，现依法向你公告送达起诉状副本、应诉通知书、举证通知书及开庭传票。
福建省厦门市思明区人民法院
本院受理申请人诉被申请人仲裁裁决执行一案，现依法向你公告送达执行通知书、报告财产令。本院受理申请人诉被申请人仲裁裁决执行一案，现依法向你公告送达执行通知书、报告财产令。
湖南省长沙市人民法院
本院受理原告诉被告借款合同纠纷一案，现依法向你公告送达起诉状副本及开庭传票。本院受理原告诉被告借款合同纠纷一案，现依法向你公告送达起诉状副本及开庭传票。
浙江省杭州市中级人民法院
本院受理上诉人诉被上诉人合同纠纷一案，现依法向你公告送达上诉状副本及二审开庭传票。本院受理上诉人诉被上诉人合同纠纷一案，现依法向你公告送达上诉状副本及二审开庭传票。
广东省深圳市人民法院
本院受理原告诉被告劳动争议纠纷一案，现依法向你公告送达起诉状副本及应诉通知书。本院受理原告诉被告劳动争议纠纷一案，现依法向你公告送达起诉状副本及应诉通知书。
公告专栏
黄国才：本院受理原告诉被告买卖合同纠纷一案，现依法向你公告送达起诉状副本、应诉通知书、举证通知书及开庭传票。
河北省石家庄市人民法院
本院受理原告诉被告民间借贷纠纷一案，现依法向你公告送达判决书，自公告之日起经过60日即视为送达。
仲裁公告
本委受理申请人与被申请人劳动争议一案，现依法向你公告送达仲裁申请书副本及开庭通知。
公 告
遗失声明：本单位不慎遗失营业执照正副本、公章一枚，特此声明作废。
苏州市仲裁委员会
本委受理申请人诉被申请人借款合同纠纷一案，现依法公告送达仲裁文书。
黄国才：本院受理原告诉被告买卖合同纠纷一案，现依法向你公告送达起诉状副本、应诉通知书、举证通知书及开庭传票。黄国才：本院受理原告诉被告买卖合同纠纷一案，现依法向你公告送达起诉状副本、应诉通知书、举证通知书及开庭传票。
河北省石家庄市人民法院
本院受理原告诉被告民间借贷纠纷一案，现依法向你公告送达判决书，自公告之日起经过60日即视为送达。本院受理原告诉被告民间借贷纠纷一案，现依法向你公告送达判决书，自公告之日起经过60日即视为送达。
仲裁公告
本委受理申请人与被申请人劳动争议一案，现依法向你公告送达仲裁申请书副本及开庭通知。本委受理申请人与被申请人劳动争议一案，现依法向你公告送达仲裁申请书副本及开庭通知。
公 告
遗失声明：本单位不慎遗失营业执照正副本、公章一枚，特此声明作废。遗失声明：本单位不慎遗失营业执照正副本、公章一枚，特此声明作废。
苏州市仲裁委员会
本委受理申请人诉被申请人借款合同纠纷一案，现依法公告送达仲裁文书。本委受理申请人诉被申请人借款合同纠纷一案，现依法公告送达仲裁文书。
黄国才：本院受理原告诉被告买卖合同纠纷一案，现依法向你公告送达起诉状副本、应诉通知书、举证通知书及开庭传票。黄国才：本院受理原告诉被告买卖合同纠纷一案，现依法向你公告送达起诉状副本、应诉通知书、举证通知书及开庭传票。
河北省石家庄市人民法院
本院受理原告诉被告民间借贷纠纷一案，现依法向你公告送达判决书，自公告之日起经过60日即视为送达。本院受理原告诉被告民间借贷纠纷一案，现依法向你公告送达判决书，自公告之日起经过60日即视为送达。
仲裁公告
本委受理申请人与被申请人劳动争议一案，现依法向你公告送达仲裁申请书副本及开庭通知。本委受理申请人与被申请人劳动争议一案，现依法向你公告送达仲裁申请书副本及开庭通知。
公 告
遗失声明：本单位不慎遗失营业执照正副本、公章一枚，特此声明作废。遗失声明：本单位不慎遗失营业执照正副本、公章一枚，特此声明作废。
苏州市仲裁委员会
本委受理申请人诉被申请人借款合同纠纷一案，现依法公告送达仲裁文书。本委受理申请人诉被申请人借款合同纠纷一案，现依法公告送达仲裁文书。
黄国才：本院受理原告诉被告买卖合同纠纷一案，现依法向你公告送达起诉状副本、应诉通知书、举证通知书及开庭传票。黄国才：本院受理原告诉被告买卖合同纠纷一案，现依法向你公告送达起诉状副本、应诉通知书、举证通知书及开庭传票。
河北省石家庄市人民法院
本院受理原告诉被告民间借贷纠纷一案，现依法向你公告送达判决书，自公告之日起经过60日即视为送达。本院受理原告诉被告民间借贷纠纷一案，现依法向你公告送达判决书，自公告之日起经过60日即视为送达。
仲裁公告
本委受理申请人与被申请人劳动争议一案，现依法向你公告送达仲裁申请书副本及开庭通知。本委受理申请人与被申请人劳动争议一案，现依法向你公告送达仲裁申请书副本及开庭通知。
公 告
遗失声明：本单位不慎遗失营业执照正副本、公章一枚，特此声明作废。遗失声明：本单位不慎遗失营业执照正副本、公章一枚，特此声明作废。
苏州市仲裁委员会
本委受理申请人诉被申请人借款合同纠纷一案，现依法公告送达仲裁文书。本委受理申请人诉被申请人借款合同纠纷一案，现依法公告送达仲裁文书。
黄国才：本院受理原告诉被告买卖合同纠纷一案，现依法向你公告送达起诉状副本、应诉通知书、举证通知书及开庭传票。黄国才：本院受理原告诉被告买卖合同纠纷一案，现依法向你公告送达起诉状副本、应诉通知书、举证通知书及开庭传票。
河北省石家庄市人民法院
本院受理原告诉被告民间借贷纠纷一案，现依法向你公告送达判决书，自公告之日起经过60日即视为送达。本院受理原告诉被告民间借贷纠纷一案，现依法向你公告送达判决书，自公告之日起经过60日即视为送达。
仲裁公告
本委受理申请人与被申请人劳动争议一案，现依法向你公告送达仲裁申请书副本及开庭通知。本委受理申请人与被申请人劳动争议一案，现依法向你公告送达仲裁申请书副本及开庭通知。
公 告
遗失声明：本单位不慎遗失营业执照正副本、公章一枚，特此声明作废。遗失声明：本单位不慎遗失营业执照正副本、公章一枚，特此声明作废。
苏州市仲裁委员会
本委受理申请人诉被申请人借款合同纠纷一案，现依法公告送达仲裁文书。本委受理申请人诉被申请人借款合同纠纷一案，现依法公告送达仲裁文书。
黄国才：本院受理原告诉被告买卖合同纠纷一案，现依法向你公告送达起诉状副本、应诉通知书、举证通知书及开庭传票。黄国才：本院受理原告诉被告买卖合同纠纷一案，现依法向你公告送达起诉状副本、应诉通知书、举证通知书及开庭传票。
河北省石家庄市人民法院
本院受理原告诉被告民间借贷纠纷一案，现依法向你公告送达判决书，自公告之日起经过60日即视为送达。本院受理原告诉被告民间借贷纠纷一案，现依法向你公告送达判决书，自公告之日起经过60日即视为送达。
仲裁公告
本委受理申请人与被申请人劳动争议一案，现依法向你公告送达仲裁申请书副本及开庭通知。本委受理申请人与被申请人劳动争议一案，现依法向你公告送达仲裁申请书副本及开庭通知。
公 告
遗失声明：本单位不慎遗失营业执照正副本、公章一枚，特此声明作废。遗失声明：本单位不慎遗失营业执照正副本、公章一枚，特此声明作废。
苏州市仲裁委员会
本委受理申请人诉被申请人借款合同纠纷一案，现依法公告送达仲裁文书。本委受理申请人诉被申请人借款合同纠纷一案，现依法公告送达仲裁文书。
黄国才：本院受理原告诉被告买卖合同纠纷一案，现依法向你公告送达起诉状副本、应诉通知书、举证通知书及开庭传票。黄国才：本院受理原告诉被告买卖合同纠纷一案，现依法向你公告送达起诉状副本、应诉通知书、举证通知书及开庭传票。
河北省石家庄市人民法院
本院受理原告诉被告民间借贷纠纷一案，现依法向你公告送达判决书，自公告之日起经过60日即视为送达。本院受理原告诉被告民间借贷纠纷一案，现依法向你公告送达判决书，自公告之日起经过60日即视为送达。
仲裁公告
本委受理申请人与被申请人劳动争议一案，现依法向你公告送达仲裁申请书副本及开庭通知。本委受理申请人与被申请人劳动争议一案，现依法向你公告送达仲裁申请书副本及开庭通知。
公 告
遗失声明：本单位不慎遗失营业执照正副本、公章一枚，特此声明作废。遗失声明：本单位不慎遗失营业执照正副本、公章一枚，特此声明作废。
苏州市仲裁委员会
本委受理申请人诉被申请人借款合同纠纷一案，现依法公告送达仲裁文书。本委受理申请人诉被申请人借款合同纠纷一案，现依法公告送达仲裁文书。
黄国才：本院受理原告诉被告买卖合同纠纷一案，现依法向你公告送达起诉状副本、应诉通知书、举证通知书及开庭传票。黄国才：本院受理原告诉被告买卖合同纠纷一案，现依法向你公告送达起诉状副本、应诉通知书、举证通知书及开庭传票。
河北省石家庄市人民法院
本院受理原告诉被告民间借贷纠纷一案，现依法向你公告送达判决书，自公告之日起经过60日即视为送达。本院受理原告诉被告民间借贷纠纷一案，现依法向你公告送达判决书，自公告之日起经过60日即视为送达。
仲裁公告
本委受理申请人与被申请人劳动争议一案，现依法向你公告送达仲裁申请书副本及开庭通知。本委受理申请人与被申请人劳动争议一案，现依法向你公告送达仲裁申请书副本及开庭通知。
公 告
遗失声明：本单位不慎遗失营业执照正副本、公章一枚，特此声明作废。遗失声明：本单位不慎遗失营业执照正副本、公章一枚，特此声明作废。
苏州市仲裁委员会
本委受理申请人诉被申请人借款合同纠纷一案，现依法公告送达仲裁文书。本委受理申请人诉被申请人借款合同纠纷一案，现依法公告送达仲裁文书。
黄国才：本院受理原告诉被告买卖合同纠纷一案，现依法向你公告送达起诉状副本、应诉通知书、举证通知书及开庭传票。黄国才：本院受理原告诉被告买卖合同纠纷一案，现依法向你公告送达起诉状副本、应诉通知书、举证通知书及开庭传票。
河北省石家庄市人民法院
本院受理原告诉被告民间借贷纠纷一案，现依法向你公告送达判决书，自公告之日起经过60日即视为送达。本院受理原告诉被告民间借贷纠纷一案，现依法向你公告送达判决书，自公告之日起经过60日即视为送达。
仲裁公告
本委受理申请人与被申请人劳动争议一案，现依法向你公告送达仲裁申请书副本及开庭通知。本委受理申请人与被申请人劳动争议一案，现依法向你公告送达仲裁申请书副本及开庭通知。
公 告
遗失声明：本单位不慎遗失营业执照正副本、公章一枚，特此声明作废。遗失声明：本单位不慎遗失营业执照正副本、公章一枚，特此声明作废。
苏州市仲裁委员会
本委受理申请人诉被申请人借款合同纠纷一案，现依法公告送达仲裁文书。本委受理申请人诉被申请人借款合同纠纷一案，现依法公告送达仲裁文书。
黄国才：本院受理原告诉被告买卖合同纠纷一案，现依法向你公告送达起诉状副本、应诉通知书、举证通知书及开庭传票。黄国才：本院受理原告诉被告买卖合同纠纷一案，现依法向你公告送达起诉状副本、应诉通知书、举证通知书及开庭传票。
河北省石家庄市人民法院
本院受理原告诉被告民间借贷纠纷一案，现依法向你公告送达判决书，自公告之日起经过60日即视为送达。本院受理原告诉被告民间借贷纠纷一案，现依法向你公告送达判决书，自公告之日起经过60日即视为送达。
仲裁公告
本委受理申请人与被申请人劳动争议一案，现依法向你公告送达仲裁申请书副本及开庭通知。本委受理申请人与被申请人劳动争议一案，现依法向你公告送达仲裁申请书副本及开庭通知。
公 告
遗失声明：本单位不慎遗失营业执照正副本、公章一枚，特此声明作废。遗失声明：本单位不慎遗失营业执照正副本、公章一枚，特此声明作废。
苏州市仲裁委员会
本委受理申请人诉被申请人借款合同纠纷一案，现依法公告送达仲裁文书。本委受理申请人诉被申请人借款合同纠纷一案，现依法公告送达仲裁文书。
黄国才：本院受理原告诉被告买卖合同纠纷一案，现依法向你公告送达起诉状副本、应诉通知书、举证通知书及开庭传票。黄国才：本院受理原告诉被告买卖合同纠纷一案，现依法向你公告送达起诉状副本、应诉通知书、举证通知书及开庭传票。
河北省石家庄市人民法院
本院受理原告诉被告民间借贷纠纷一案，现依法向你公告送达判决书，自公告之日起经过60日即视为送达。本院受理原告诉被告民间借贷纠纷一案，现依法向你公告送达判决书，自公告之日起经过60日即视为送达。
仲裁公告
本委受理申请人与被申请人劳动争议一案，现依法向你公告送达仲裁申请书副本及开庭通知。本委受理申请人与被申请人劳动争议一案，现依法向你公告送达仲裁申请书副本及开庭通知。
公 告
遗失声明：本单位不慎遗失营业执照正副本、公章一枚，特此声明作废。遗失声明：本单位不慎遗失营业执照正副本、公章一枚，特此声明作废。
苏州市仲裁委员会
本委受理申请人诉被申请人借款合同纠纷一案，现依法公告送达仲裁文书。本委受理申请人诉被申请人借款合同纠纷一案，现依法公告送达仲裁文书。
黄国才：本院受理原告诉被告买卖合同纠纷一案，现依法向你公告送达起诉状副本、应诉通知书、举证通知书及开庭传票。黄国才：本院受理原告诉被告买卖合同纠纷一案，现依法向你公告送达起诉状副本、应诉通知书、举证通知书及开庭传票。
河北省石家庄市人民法院
本院受理原告诉被告民间借贷纠纷一案，现依法向你公告送达判决书，自公告之日起经过60日即视为送达。本院受理原告诉被告民间借贷纠纷一案，现依法向你公告送达判决书，自公告之日起经过60日即视为送达。
仲裁公告
本委受理申请人与被申请人劳动争议一案，现依法向你公告送达仲裁申请书副本及开庭通知。本委受理申请人与被申请人劳动争议一案，现依法向你公告送达仲裁申请书副本及开庭通知。
公 告
遗失声明：本单位不慎遗失营业执照正副本、公章一枚，特此声明作废。遗失声明：本单位不慎遗失营业执照正副本、公章一枚，特此声明作废。
苏州市仲裁委员会
本委受理申请人诉被申请人借款合同纠纷一案，现依法公告送达仲裁文书。本委受理申请人诉被申请人借款合同纠纷一案，现依法公告送达仲裁文书。
黄国才：本院受理原告诉被告买卖合同纠纷一案，现依法向你公告送达起诉状副本、应诉通知书、举证通知书及开庭传票。黄国才：本院受理原告诉被告买卖合同纠纷一案，现依法向你公告送达起诉状副本、应诉通知书、举证通知书及开庭传票。
河北省石家庄市人民法院
本院受理原告诉被告民间借贷纠纷一案，现依法向你公告送达判决书，自公告之日起经过60日即视为送达。本院受理原告诉被告民间借贷纠纷一案，现依法向你公告送达判决书，自公告之日起经过60日即视为送达。
仲裁公告
本委受理申请人与被申请人劳动争议一案，现依法向你公告送达仲裁申请书副本及开庭通知。本委受理申请人与被申请人劳动争议一案，现依法向你公告送达仲裁申请书副本及开庭通知。
公 告
遗失声明：本单位不慎遗失营业执照正副本、公章一枚，特此声明作废。遗失声明：本单位不慎遗失营业执照正副本、公章一枚，特此声明作废。
苏州市仲裁委员会
本委受理申请人诉被申请人借款合同纠纷一案，现依法公告送达仲裁文书。本委受理申请人诉被申请人借款合同纠纷一案，现依法公告送达仲裁文书。
黄国才：本院受理原告诉被告买卖合同纠纷一案，现依法向你公告送达起诉状副本、应诉通知书、举证通知书及开庭传票。黄国才：本院受理原告诉被告买卖合同纠纷一案，现依法向你公告送达起诉状副本、应诉通知书、举证通知书及开庭传票。
河北省石家庄市人民法院
本院受理原告诉被告民间借贷纠纷一案，现依法向你公告送达判决书，自公告之日起经过60日即视为送达。本院受理原告诉被告民间借贷纠纷一案，现依法向你公告送达判决书，自公告之日起经过60日即视为送达。
仲裁公告
本委受理申请人与被申请人劳动争议一案，现依法向你公告送达仲裁申请书副本及开庭通知。本委受理申请人与被申请人劳动争议一案，现依法向你公告送达仲裁申请书副本及开庭通知。
公 告
遗失声明：本单位不慎遗失营业执照正副本、公章一枚，特此声明作废。遗失声明：本单位不慎遗失营业执照正副本、公章一枚，特此声明作废。
苏州市仲裁委员会
本委受理申请人诉被申请人借款合同纠纷一案，现依法公告送达仲裁文书。本委受理申请人诉被申请人借款合同纠纷一案，现依法公告送达仲裁文书。
黄国才：本院受理原告诉被告买卖合同纠纷一案，现依法向你公告送达起诉状副本、应诉通知书、举证通知书及开庭传票。黄国才：本院受理原告诉被告买卖合同纠纷一案，现依法向你公告送达起诉状副本、应诉通知书、举证通知书及开庭传票。
河北省石家庄市人民法院
本院受理原告诉被告民间借贷纠纷一案，现依法向你公告送达判决书，自公告之日起经过60日即视为送达。本院受理原告诉被告民间借贷纠纷一案，现依法向你公告送达判决书，自公告之日起经过60日即视为送达。
仲裁公告
本委受理申请人与被申请人劳动争议一案，现依法向你公告送达仲裁申请书副本及开庭通知。本委受理申请人与被申请人劳动争议一案，现依法向你公告送达仲裁申请书副本及开庭通知。
公 告
遗失声明：本单位不慎遗失营业执照正副本、公章一枚，特此声明作废。遗失声明：本单位不慎遗失营业执照正副本、公章一枚，特此声明作废。
苏州市仲裁委员会
本委受理申请人诉被申请人借款合同纠纷一案，现依法公告送达仲裁文书。本委受理申请人诉被申请人借款合同纠纷一案，现依法公告送达仲裁文书。
公告专栏
本院受理原告诉被告机动车交通事故责任纠纷一案，现依法向你公告送达起诉状副本、应诉通知书、举证通知书及开庭传票。
江苏省苏州市人民法院
本院受理原告诉被告房屋租赁合同纠纷一案，现依法向你公告送达起诉状副本及开庭传票。
浙江省宁波市人民法院
本院受理原告诉被告金融借款合同纠纷一案，现依法向你公告送达判决书。
山东省济南市人民法院
本院受理申请人诉被申请人执行一案，现依法向你公告送达执行裁定书。
四川省成都市人民法院
本院受理原告诉被告离婚纠纷一案，现依法向你公告送达起诉状副本及开庭传票。
本院受理原告诉被告机动车交通事故责任纠纷一案，现依法向你公告送达起诉状副本、应诉通知书、举证通知书及开庭传票。本院受理原告诉被告机动车交通事故责任纠纷一案，现依法向你公告送达起诉状副本、应诉通知书、举证通知书及开庭传票。
江苏省苏州市人民法院
本院受理原告诉被告房屋租赁合同纠纷一案，现依法向你公告送达起诉状副本及开庭传票。本院受理原告诉被告房屋租赁合同纠纷一案，现依法向你公告送达起诉状副本及开庭传票。
浙江省宁波市人民法院
本院受理原告诉被告金融借款合同纠纷一案，现依法向你公告送达判决书。本院受理原告诉被告金融借款合同纠纷一案，现依法向你公告送达判决书。
山东省济南市人民法院
本院受理申请人诉被申请人执行一案，现依法向你公告送达执行裁定书。本院受理申请人诉被申请人执行一案，现依法向你公告送达执行裁定书。
四川省成都市人民法院
本院受理原告诉被告离婚纠纷一案，现依法向你公告送达起诉状副本及开庭传票。本院受理原告诉被告离婚纠纷一案，现依法向你公告送达起诉状副本及开庭传票。
本院受理原告诉被告机动车交通事故责任纠纷一案，现依法向你公告送达起诉状副本、应诉通知书、举证通知书及开庭传票。本院受理原告诉被告机动车交通事故责任纠纷一案，现依法向你公告送达起诉状副本、应诉通知书、举证通知书及开庭传票。
江苏省苏州市人民法院
本院受理原告诉被告房屋租赁合同纠纷一案，现依法向你公告送达起诉状副本及开庭传票。本院受理原告诉被告房屋租赁合同纠纷一案，现依法向你公告送达起诉状副本及开庭传票。
浙江省宁波市人民法院
本院受理原告诉被告金融借款合同纠纷一案，现依法向你公告送达判决书。本院受理原告诉被告金融借款合同纠纷一案，现依法向你公告送达判决书。
山东省济南市人民法院
本院受理申请人诉被申请人执行一案，现依法向你公告送达执行裁定书。本院受理申请人诉被申请人执行一案，现依法向你公告送达执行裁定书。
四川省成都市人民法院
本院受理原告诉被告离婚纠纷一案，现依法向你公告送达起诉状副本及开庭传票。本院受理原告诉被告离婚纠纷一案，现依法向你公告送达起诉状副本及开庭传票。
本院受理原告诉被告机动车交通事故责任纠纷一案，现依法向你公告送达起诉状副本、应诉通知书、举证通知书及开庭传票。本院受理原告诉被告机动车交通事故责任纠纷一案，现依法向你公告送达起诉状副本、应诉通知书、举证通知书及开庭传票。
江苏省苏州市人民法院
本院受理原告诉被告房屋租赁合同纠纷一案，现依法向你公告送达起诉状副本及开庭传票。本院受理原告诉被告房屋租赁合同纠纷一案，现依法向你公告送达起诉状副本及开庭传票。
浙江省宁波市人民法院
本院受理原告诉被告金融借款合同纠纷一案，现依法向你公告送达判决书。本院受理原告诉被告金融借款合同纠纷一案，现依法向你公告送达判决书。
山东省济南市人民法院
本院受理申请人诉被申请人执行一案，现依法向你公告送达执行裁定书。本院受理申请人诉被申请人执行一案，现依法向你公告送达执行裁定书。
四川省成都市人民法院
本院受理原告诉被告离婚纠纷一案，现依法向你公告送达起诉状副本及开庭传票。本院受理原告诉被告离婚纠纷一案，现依法向你公告送达起诉状副本及开庭传票。
本院受理原告诉被告机动车交通事故责任纠纷一案，现依法向你公告送达起诉状副本、应诉通知书、举证通知书及开庭传票。本院受理原告诉被告机动车交通事故责任纠纷一案，现依法向你公告送达起诉状副本、应诉通知书、举证通知书及开庭传票。
江苏省苏州市人民法院
本院受理原告诉被告房屋租赁合同纠纷一案，现依法向你公告送达起诉状副本及开庭传票。本院受理原告诉被告房屋租赁合同纠纷一案，现依法向你公告送达起诉状副本及开庭传票。
浙江省宁波市人民法院
本院受理原告诉被告金融借款合同纠纷一案，现依法向你公告送达判决书。本院受理原告诉被告金融借款合同纠纷一案，现依法向你公告送达判决书。
山东省济南市人民法院
本院受理申请人诉被申请人执行一案，现依法向你公告送达执行裁定书。本院受理申请人诉被申请人执行一案，现依法向你公告送达执行裁定书。
四川省成都市人民法院
本院受理原告诉被告离婚纠纷一案，现依法向你公告送达起诉状副本及开庭传票。本院受理原告诉被告离婚纠纷一案，现依法向你公告送达起诉状副本及开庭传票。
本院受理原告诉被告机动车交通事故责任纠纷一案，现依法向你公告送达起诉状副本、应诉通知书、举证通知书及开庭传票。本院受理原告诉被告机动车交通事故责任纠纷一案，现依法向你公告送达起诉状副本、应诉通知书、举证通知书及开庭传票。
江苏省苏州市人民法院
本院受理原告诉被告房屋租赁合同纠纷一案，现依法向你公告送达起诉状副本及开庭传票。本院受理原告诉被告房屋租赁合同纠纷一案，现依法向你公告送达起诉状副本及开庭传票。
浙江省宁波市人民法院
本院受理原告诉被告金融借款合同纠纷一案，现依法向你公告送达判决书。本院受理原告诉被告金融借款合同纠纷一案，现依法向你公告送达判决书。
山东省济南市人民法院
本院受理申请人诉被申请人执行一案，现依法向你公告送达执行裁定书。本院受理申请人诉被申请人执行一案，现依法向你公告送达执行裁定书。
四川省成都市人民法院
本院受理原告诉被告离婚纠纷一案，现依法向你公告送达起诉状副本及开庭传票。本院受理原告诉被告离婚纠纷一案，现依法向你公告送达起诉状副本及开庭传票。
本院受理原告诉被告机动车交通事故责任纠纷一案，现依法向你公告送达起诉状副本、应诉通知书、举证通知书及开庭传票。本院受理原告诉被告机动车交通事故责任纠纷一案，现依法向你公告送达起诉状副本、应诉通知书、举证通知书及开庭传票。
江苏省苏州市人民法院
本院受理原告诉被告房屋租赁合同纠纷一案，现依法向你公告送达起诉状副本及开庭传票。本院受理原告诉被告房屋租赁合同纠纷一案，现依法向你公告送达起诉状副本及开庭传票。
浙江省宁波市人民法院
本院受理原告诉被告金融借款合同纠纷一案，现依法向你公告送达判决书。本院受理原告诉被告金融借款合同纠纷一案，现依法向你公告送达判决书。
山东省济南市人民法院
本院受理申请人诉被申请人执行一案，现依法向你公告送达执行裁定书。本院受理申请人诉被申请人执行一案，现依法向你公告送达执行裁定书。
四川省成都市人民法院
本院受理原告诉被告离婚纠纷一案，现依法向你公告送达起诉状副本及开庭传票。本院受理原告诉被告离婚纠纷一案，现依法向你公告送达起诉状副本及开庭传票。
本院受理原告诉被告机动车交通事故责任纠纷一案，现依法向你公告送达起诉状副本、应诉通知书、举证通知书及开庭传票。本院受理原告诉被告机动车交通事故责任纠纷一案，现依法向你公告送达起诉状副本、应诉通知书、举证通知书及开庭传票。
江苏省苏州市人民法院
本院受理原告诉被告房屋租赁合同纠纷一案，现依法向你公告送达起诉状副本及开庭传票。本院受理原告诉被告房屋租赁合同纠纷一案，现依法向你公告送达起诉状副本及开庭传票。
浙江省宁波市人民法院
本院受理原告诉被告金融借款合同纠纷一案，现依法向你公告送达判决书。本院受理原告诉被告金融借款合同纠纷一案，现依法向你公告送达判决书。
山东省济南市人民法院
本院受理申请人诉被申请人执行一案，现依法向你公告送达执行裁定书。本院受理申请人诉被申请人执行一案，现依法向你公告送达执行裁定书。
四川省成都市人民法院
本院受理原告诉被告离婚纠纷一案，现依法向你公告送达起诉状副本及开庭传票。本院受理原告诉被告离婚纠纷一案，现依法向你公告送达起诉状副本及开庭传票。
本院受理原告诉被告机动车交通事故责任纠纷一案，现依法向你公告送达起诉状副本、应诉通知书、举证通知书及开庭传票。本院受理原告诉被告机动车交通事故责任纠纷一案，现依法向你公告送达起诉状副本、应诉通知书、举证通知书及开庭传票。
江苏省苏州市人民法院
本院受理原告诉被告房屋租赁合同纠纷一案，现依法向你公告送达起诉状副本及开庭传票。本院受理原告诉被告房屋租赁合同纠纷一案，现依法向你公告送达起诉状副本及开庭传票。
浙江省宁波市人民法院
本院受理原告诉被告金融借款合同纠纷一案，现依法向你公告送达判决书。本院受理原告诉被告金融借款合同纠纷一案，现依法向你公告送达判决书。
山东省济南市人民法院
本院受理申请人诉被申请人执行一案，现依法向你公告送达执行裁定书。本院受理申请人诉被申请人执行一案，现依法向你公告送达执行裁定书。
四川省成都市人民法院
本院受理原告诉被告离婚纠纷一案，现依法向你公告送达起诉状副本及开庭传票。本院受理原告诉被告离婚纠纷一案，现依法向你公告送达起诉状副本及开庭传票。
本院受理原告诉被告机动车交通事故责任纠纷一案，现依法向你公告送达起诉状副本、应诉通知书、举证通知书及开庭传票。本院受理原告诉被告机动车交通事故责任纠纷一案，现依法向你公告送达起诉状副本、应诉通知书、举证通知书及开庭传票。
江苏省苏州市人民法院
本院受理原告诉被告房屋租赁合同纠纷一案，现依法向你公告送达起诉状副本及开庭传票。本院受理原告诉被告房屋租赁合同纠纷一案，现依法向你公告送达起诉状副本及开庭传票。
浙江省宁波市人民法院
本院受理原告诉被告金融借款合同纠纷一案，现依法向你公告送达判决书。本院受理原告诉被告金融借款合同纠纷一案，现依法向你公告送达判决书。
山东省济南市人民法院
本院受理申请人诉被申请人执行一案，现依法向你公告送达执行裁定书。本院受理申请人诉被申请人执行一案，现依法向你公告送达执行裁定书。
四川省成都市人民法院
本院受理原告诉被告离婚纠纷一案，现依法向你公告送达起诉状副本及开庭传票。本院受理原告诉被告离婚纠纷一案，现依法向你公告送达起诉状副本及开庭传票。
本院受理原告诉被告机动车交通事故责任纠纷一案，现依法向你公告送达起诉状副本、应诉通知书、举证通知书及开庭传票。本院受理原告诉被告机动车交通事故责任纠纷一案，现依法向你公告送达起诉状副本、应诉通知书、举证通知书及开庭传票。
江苏省苏州市人民法院
本院受理原告诉被告房屋租赁合同纠纷一案，现依法向你公告送达起诉状副本及开庭传票。本院受理原告诉被告房屋租赁合同纠纷一案，现依法向你公告送达起诉状副本及开庭传票。
浙江省宁波市人民法院
本院受理原告诉被告金融借款合同纠纷一案，现依法向你公告送达判决书。本院受理原告诉被告金融借款合同纠纷一案，现依法向你公告送达判决书。
山东省济南市人民法院
本院受理申请人诉被申请人执行一案，现依法向你公告送达执行裁定书。本院受理申请人诉被申请人执行一案，现依法向你公告送达执行裁定书。
四川省成都市人民法院
本院受理原告诉被告离婚纠纷一案，现依法向你公告送达起诉状副本及开庭传票。本院受理原告诉被告离婚纠纷一案，现依法向你公告送达起诉状副本及开庭传票。
本院受理原告诉被告机动车交通事故责任纠纷一案，现依法向你公告送达起诉状副本、应诉通知书、举证通知书及开庭传票。本院受理原告诉被告机动车交通事故责任纠纷一案，现依法向你公告送达起诉状副本、应诉通知书、举证通知书及开庭传票。
江苏省苏州市人民法院
本院受理原告诉被告房屋租赁合同纠纷一案，现依法向你公告送达起诉状副本及开庭传票。本院受理原告诉被告房屋租赁合同纠纷一案，现依法向你公告送达起诉状副本及开庭传票。
浙江省宁波市人民法院
本院受理原告诉被告金融借款合同纠纷一案，现依法向你公告送达判决书。本院受理原告诉被告金融借款合同纠纷一案，现依法向你公告送达判决书。
山东省济南市人民法院
本院受理申请人诉被申请人执行一案，现依法向你公告送达执行裁定书。本院受理申请人诉被申请人执行一案，现依法向你公告送达执行裁定书。
四川省成都市人民法院
本院受理原告诉被告离婚纠纷一案，现依法向你公告送达起诉状副本及开庭传票。本院受理原告诉被告离婚纠纷一案，现依法向你公告送达起诉状副本及开庭传票。
本院受理原告诉被告机动车交通事故责任纠纷一案，现依法向你公告送达起诉状副本、应诉通知书、举证通知书及开庭传票。本院受理原告诉被告机动车交通事故责任纠纷一案，现依法向你公告送达起诉状副本、应诉通知书、举证通知书及开庭传票。
江苏省苏州市人民法院
本院受理原告诉被告房屋租赁合同纠纷一案，现依法向你公告送达起诉状副本及开庭传票。本院受理原告诉被告房屋租赁合同纠纷一案，现依法向你公告送达起诉状副本及开庭传票。
浙江省宁波市人民法院
本院受理原告诉被告金融借款合同纠纷一案，现依法向你公告送达判决书。本院受理原告诉被告金融借款合同纠纷一案，现依法向你公告送达判决书。
山东省济南市人民法院
本院受理申请人诉被申请人执行一案，现依法向你公告送达执行裁定书。本院受理申请人诉被申请人执行一案，现依法向你公告送达执行裁定书。
四川省成都市人民法院
本院受理原告诉被告离婚纠纷一案，现依法向你公告送达起诉状副本及开庭传票。本院受理原告诉被告离婚纠纷一案，现依法向你公告送达起诉状副本及开庭传票。
本院受理原告诉被告机动车交通事故责任纠纷一案，现依法向你公告送达起诉状副本、应诉通知书、举证通知书及开庭传票。本院受理原告诉被告机动车交通事故责任纠纷一案，现依法向你公告送达起诉状副本、应诉通知书、举证通知书及开庭传票。
江苏省苏州市人民法院
本院受理原告诉被告房屋租赁合同纠纷一案，现依法向你公告送达起诉状副本及开庭传票。本院受理原告诉被告房屋租赁合同纠纷一案，现依法向你公告送达起诉状副本及开庭传票。
浙江省宁波市人民法院
本院受理原告诉被告金融借款合同纠纷一案，现依法向你公告送达判决书。本院受理原告诉被告金融借款合同纠纷一案，现依法向你公告送达判决书。
山东省济南市人民法院
本院受理申请人诉被申请人执行一案，现依法向你公告送达执行裁定书。本院受理申请人诉被申请人执行一案，现依法向你公告送达执行裁定书。
四川省成都市人民法院
本院受理原告诉被告离婚纠纷一案，现依法向你公告送达起诉状副本及开庭传票。本院受理原告诉被告离婚纠纷一案，现依法向你公告送达起诉状副本及开庭传票。
本院受理原告诉被告机动车交通事故责任纠纷一案，现依法向你公告送达起诉状副本、应诉通知书、举证通知书及开庭传票。本院受理原告诉被告机动车交通事故责任纠纷一案，现依法向你公告送达起诉状副本、应诉通知书、举证通知书及开庭传票。
江苏省苏州市人民法院
本院受理原告诉被告房屋租赁合同纠纷一案，现依法向你公告送达起诉状副本及开庭传票。本院受理原告诉被告房屋租赁合同纠纷一案，现依法向你公告送达起诉状副本及开庭传票。
浙江省宁波市人民法院
本院受理原告诉被告金融借款合同纠纷一案，现依法向你公告送达判决书。本院受理原告诉被告金融借款合同纠纷一案，现依法向你公告送达判决书。
山东省济南市人民法院
本院受理申请人诉被申请人执行一案，现依法向你公告送达执行裁定书。本院受理申请人诉被申请人执行一案，现依法向你公告送达执行裁定书。
四川省成都市人民法院
本院受理原告诉被告离婚纠纷一案，现依法向你公告送达起诉状副本及开庭传票。本院受理原告诉被告离婚纠纷一案，现依法向你公告送达起诉状副本及开庭传票。
公告专栏
本院受理原告诉被告信用卡纠纷一案，现依法向你公告送达起诉状副本、应诉通知书、举证通知书及开庭传票。
江苏省无锡市人民法院
本院受理原告诉被告追偿权纠纷一案，现依法向你公告送达判决书，自公告之日起经过60日即视为送达。
苏州市吴中区人民法院
本院受理原告诉被告物业服务合同纠纷一案，现依法向你公告送达起诉状副本及开庭传票。
江苏省昆山市人民法院
本院受理原告诉被告买卖合同纠纷一案，现依法向你公告送达起诉状副本及应诉通知书。
苏州市相城区人民法院
本院受理原告诉被告服务合同纠纷一案，现依法向你公告送达诉讼文书。
本院受理原告诉被告信用卡纠纷一案，现依法向你公告送达起诉状副本、应诉通知书、举证通知书及开庭传票。本院受理原告诉被告信用卡纠纷一案，现依法向你公告送达起诉状副本、应诉通知书、举证通知书及开庭传票。
江苏省无锡市人民法院
本院受理原告诉被告追偿权纠纷一案，现依法向你公告送达判决书，自公告之日起经过60日即视为送达。本院受理原告诉被告追偿权纠纷一案，现依法向你公告送达判决书，自公告之日起经过60日即视为送达。
苏州市吴中区人民法院
本院受理原告诉被告物业服务合同纠纷一案，现依法向你公告送达起诉状副本及开庭传票。本院受理原告诉被告物业服务合同纠纷一案，现依法向你公告送达起诉状副本及开庭传票。
江苏省昆山市人民法院
本院受理原告诉被告买卖合同纠纷一案，现依法向你公告送达起诉状副本及应诉通知书。本院受理原告诉被告买卖合同纠纷一案，现依法向你公告送达起诉状副本及应诉通知书。
苏州市相城区人民法院
本院受理原告诉被告服务合同纠纷一案，现依法向你公告送达诉讼文书。本院受理原告诉被告服务合同纠纷一案，现依法向你公告送达诉讼文书。
本院受理原告诉被告信用卡纠纷一案，现依法向你公告送达起诉状副本、应诉通知书、举证通知书及开庭传票。本院受理原告诉被告信用卡纠纷一案，现依法向你公告送达起诉状副本、应诉通知书、举证通知书及开庭传票。
江苏省无锡市人民法院
本院受理原告诉被告追偿权纠纷一案，现依法向你公告送达判决书，自公告之日起经过60日即视为送达。本院受理原告诉被告追偿权纠纷一案，现依法向你公告送达判决书，自公告之日起经过60日即视为送达。
苏州市吴中区人民法院
本院受理原告诉被告物业服务合同纠纷一案，现依法向你公告送达起诉状副本及开庭传票。本院受理原告诉被告物业服务合同纠纷一案，现依法向你公告送达起诉状副本及开庭传票。
江苏省昆山市人民法院
本院受理原告诉被告买卖合同纠纷一案，现依法向你公告送达起诉状副本及应诉通知书。本院受理原告诉被告买卖合同纠纷一案，现依法向你公告送达起诉状副本及应诉通知书。
苏州市相城区人民法院
本院受理原告诉被告服务合同纠纷一案，现依法向你公告送达诉讼文书。本院受理原告诉被告服务合同纠纷一案，现依法向你公告送达诉讼文书。
本院受理原告诉被告信用卡纠纷一案，现依法向你公告送达起诉状副本、应诉通知书、举证通知书及开庭传票。本院受理原告诉被告信用卡纠纷一案，现依法向你公告送达起诉状副本、应诉通知书、举证通知书及开庭传票。
江苏省无锡市人民法院
本院受理原告诉被告追偿权纠纷一案，现依法向你公告送达判决书，自公告之日起经过60日即视为送达。本院受理原告诉被告追偿权纠纷一案，现依法向你公告送达判决书，自公告之日起经过60日即视为送达。
苏州市吴中区人民法院
本院受理原告诉被告物业服务合同纠纷一案，现依法向你公告送达起诉状副本及开庭传票。本院受理原告诉被告物业服务合同纠纷一案，现依法向你公告送达起诉状副本及开庭传票。
江苏省昆山市人民法院
本院受理原告诉被告买卖合同纠纷一案，现依法向你公告送达起诉状副本及应诉通知书。本院受理原告诉被告买卖合同纠纷一案，现依法向你公告送达起诉状副本及应诉通知书。
苏州市相城区人民法院
本院受理原告诉被告服务合同纠纷一案，现依法向你公告送达诉讼文书。本院受理原告诉被告服务合同纠纷一案，现依法向你公告送达诉讼文书。
本院受理原告诉被告信用卡纠纷一案，现依法向你公告送达起诉状副本、应诉通知书、举证通知书及开庭传票。本院受理原告诉被告信用卡纠纷一案，现依法向你公告送达起诉状副本、应诉通知书、举证通知书及开庭传票。
江苏省无锡市人民法院
本院受理原告诉被告追偿权纠纷一案，现依法向你公告送达判决书，自公告之日起经过60日即视为送达。本院受理原告诉被告追偿权纠纷一案，现依法向你公告送达判决书，自公告之日起经过60日即视为送达。
苏州市吴中区人民法院
本院受理原告诉被告物业服务合同纠纷一案，现依法向你公告送达起诉状副本及开庭传票。本院受理原告诉被告物业服务合同纠纷一案，现依法向你公告送达起诉状副本及开庭传票。
江苏省昆山市人民法院
本院受理原告诉被告买卖合同纠纷一案，现依法向你公告送达起诉状副本及应诉通知书。本院受理原告诉被告买卖合同纠纷一案，现依法向你公告送达起诉状副本及应诉通知书。
苏州市相城区人民法院
本院受理原告诉被告服务合同纠纷一案，现依法向你公告送达诉讼文书。本院受理原告诉被告服务合同纠纷一案，现依法向你公告送达诉讼文书。
本院受理原告诉被告信用卡纠纷一案，现依法向你公告送达起诉状副本、应诉通知书、举证通知书及开庭传票。本院受理原告诉被告信用卡纠纷一案，现依法向你公告送达起诉状副本、应诉通知书、举证通知书及开庭传票。
江苏省无锡市人民法院
本院受理原告诉被告追偿权纠纷一案，现依法向你公告送达判决书，自公告之日起经过60日即视为送达。本院受理原告诉被告追偿权纠纷一案，现依法向你公告送达判决书，自公告之日起经过60日即视为送达。
苏州市吴中区人民法院
本院受理原告诉被告物业服务合同纠纷一案，现依法向你公告送达起诉状副本及开庭传票。本院受理原告诉被告物业服务合同纠纷一案，现依法向你公告送达起诉状副本及开庭传票。
江苏省昆山市人民法院
本院受理原告诉被告买卖合同纠纷一案，现依法向你公告送达起诉状副本及应诉通知书。本院受理原告诉被告买卖合同纠纷一案，现依法向你公告送达起诉状副本及应诉通知书。
苏州市相城区人民法院
本院受理原告诉被告服务合同纠纷一案，现依法向你公告送达诉讼文书。本院受理原告诉被告服务合同纠纷一案，现依法向你公告送达诉讼文书。
本院受理原告诉被告信用卡纠纷一案，现依法向你公告送达起诉状副本、应诉通知书、举证通知书及开庭传票。本院受理原告诉被告信用卡纠纷一案，现依法向你公告送达起诉状副本、应诉通知书、举证通知书及开庭传票。
江苏省无锡市人民法院
本院受理原告诉被告追偿权纠纷一案，现依法向你公告送达判决书，自公告之日起经过60日即视为送达。本院受理原告诉被告追偿权纠纷一案，现依法向你公告送达判决书，自公告之日起经过60日即视为送达。
苏州市吴中区人民法院
本院受理原告诉被告物业服务合同纠纷一案，现依法向你公告送达起诉状副本及开庭传票。本院受理原告诉被告物业服务合同纠纷一案，现依法向你公告送达起诉状副本及开庭传票。
江苏省昆山市人民法院
本院受理原告诉被告买卖合同纠纷一案，现依法向你公告送达起诉状副本及应诉通知书。本院受理原告诉被告买卖合同纠纷一案，现依法向你公告送达起诉状副本及应诉通知书。
苏州市相城区人民法院
本院受理原告诉被告服务合同纠纷一案，现依法向你公告送达诉讼文书。本院受理原告诉被告服务合同纠纷一案，现依法向你公告送达诉讼文书。
本院受理原告诉被告信用卡纠纷一案，现依法向你公告送达起诉状副本、应诉通知书、举证通知书及开庭传票。本院受理原告诉被告信用卡纠纷一案，现依法向你公告送达起诉状副本、应诉通知书、举证通知书及开庭传票。
江苏省无锡市人民法院
本院受理原告诉被告追偿权纠纷一案，现依法向你公告送达判决书，自公告之日起经过60日即视为送达。本院受理原告诉被告追偿权纠纷一案，现依法向你公告送达判决书，自公告之日起经过60日即视为送达。
苏州市吴中区人民法院
本院受理原告诉被告物业服务合同纠纷一案，现依法向你公告送达起诉状副本及开庭传票。本院受理原告诉被告物业服务合同纠纷一案，现依法向你公告送达起诉状副本及开庭传票。
江苏省昆山市人民法院
本院受理原告诉被告买卖合同纠纷一案，现依法向你公告送达起诉状副本及应诉通知书。本院受理原告诉被告买卖合同纠纷一案，现依法向你公告送达起诉状副本及应诉通知书。
苏州市相城区人民法院
本院受理原告诉被告服务合同纠纷一案，现依法向你公告送达诉讼文书。本院受理原告诉被告服务合同纠纷一案，现依法向你公告送达诉讼文书。
本院受理原告诉被告信用卡纠纷一案，现依法向你公告送达起诉状副本、应诉通知书、举证通知书及开庭传票。本院受理原告诉被告信用卡纠纷一案，现依法向你公告送达起诉状副本、应诉通知书、举证通知书及开庭传票。
江苏省无锡市人民法院
本院受理原告诉被告追偿权纠纷一案，现依法向你公告送达判决书，自公告之日起经过60日即视为送达。本院受理原告诉被告追偿权纠纷一案，现依法向你公告送达判决书，自公告之日起经过60日即视为送达。
苏州市吴中区人民法院
本院受理原告诉被告物业服务合同纠纷一案，现依法向你公告送达起诉状副本及开庭传票。本院受理原告诉被告物业服务合同纠纷一案，现依法向你公告送达起诉状副本及开庭传票。
江苏省昆山市人民法院
本院受理原告诉被告买卖合同纠纷一案，现依法向你公告送达起诉状副本及应诉通知书。本院受理原告诉被告买卖合同纠纷一案，现依法向你公告送达起诉状副本及应诉通知书。
苏州市相城区人民法院
本院受理原告诉被告服务合同纠纷一案，现依法向你公告送达诉讼文书。本院受理原告诉被告服务合同纠纷一案，现依法向你公告送达诉讼文书。
本院受理原告诉被告信用卡纠纷一案，现依法向你公告送达起诉状副本、应诉通知书、举证通知书及开庭传票。本院受理原告诉被告信用卡纠纷一案，现依法向你公告送达起诉状副本、应诉通知书、举证通知书及开庭传票。
江苏省无锡市人民法院
本院受理原告诉被告追偿权纠纷一案，现依法向你公告送达判决书，自公告之日起经过60日即视为送达。本院受理原告诉被告追偿权纠纷一案，现依法向你公告送达判决书，自公告之日起经过60日即视为送达。
苏州市吴中区人民法院
本院受理原告诉被告物业服务合同纠纷一案，现依法向你公告送达起诉状副本及开庭传票。本院受理原告诉被告物业服务合同纠纷一案，现依法向你公告送达起诉状副本及开庭传票。
江苏省昆山市人民法院
本院受理原告诉被告买卖合同纠纷一案，现依法向你公告送达起诉状副本及应诉通知书。本院受理原告诉被告买卖合同纠纷一案，现依法向你公告送达起诉状副本及应诉通知书。
苏州市相城区人民法院
本院受理原告诉被告服务合同纠纷一案，现依法向你公告送达诉讼文书。本院受理原告诉被告服务合同纠纷一案，现依法向你公告送达诉讼文书。
本院受理原告诉被告信用卡纠纷一案，现依法向你公告送达起诉状副本、应诉通知书、举证通知书及开庭传票。本院受理原告诉被告信用卡纠纷一案，现依法向你公告送达起诉状副本、应诉通知书、举证通知书及开庭传票。
江苏省无锡市人民法院
本院受理原告诉被告追偿权纠纷一案，现依法向你公告送达判决书，自公告之日起经过60日即视为送达。本院受理原告诉被告追偿权纠纷一案，现依法向你公告送达判决书，自公告之日起经过60日即视为送达。
苏州市吴中区人民法院
本院受理原告诉被告物业服务合同纠纷一案，现依法向你公告送达起诉状副本及开庭传票。本院受理原告诉被告物业服务合同纠纷一案，现依法向你公告送达起诉状副本及开庭传票。
江苏省昆山市人民法院
本院受理原告诉被告买卖合同纠纷一案，现依法向你公告送达起诉状副本及应诉通知书。本院受理原告诉被告买卖合同纠纷一案，现依法向你公告送达起诉状副本及应诉通知书。
苏州市相城区人民法院
本院受理原告诉被告服务合同纠纷一案，现依法向你公告送达诉讼文书。本院受理原告诉被告服务合同纠纷一案，现依法向你公告送达诉讼文书。
本院受理原告诉被告信用卡纠纷一案，现依法向你公告送达起诉状副本、应诉通知书、举证通知书及开庭传票。本院受理原告诉被告信用卡纠纷一案，现依法向你公告送达起诉状副本、应诉通知书、举证通知书及开庭传票。
江苏省无锡市人民法院
本院受理原告诉被告追偿权纠纷一案，现依法向你公告送达判决书，自公告之日起经过60日即视为送达。本院受理原告诉被告追偿权纠纷一案，现依法向你公告送达判决书，自公告之日起经过60日即视为送达。
苏州市吴中区人民法院
本院受理原告诉被告物业服务合同纠纷一案，现依法向你公告送达起诉状副本及开庭传票。本院受理原告诉被告物业服务合同纠纷一案，现依法向你公告送达起诉状副本及开庭传票。
江苏省昆山市人民法院
本院受理原告诉被告买卖合同纠纷一案，现依法向你公告送达起诉状副本及应诉通知书。本院受理原告诉被告买卖合同纠纷一案，现依法向你公告送达起诉状副本及应诉通知书。
苏州市相城区人民法院
本院受理原告诉被告服务合同纠纷一案，现依法向你公告送达诉讼文书。本院受理原告诉被告服务合同纠纷一案，现依法向你公告送达诉讼文书。
本院受理原告诉被告信用卡纠纷一案，现依法向你公告送达起诉状副本、应诉通知书、举证通知书及开庭传票。本院受理原告诉被告信用卡纠纷一案，现依法向你公告送达起诉状副本、应诉通知书、举证通知书及开庭传票。
江苏省无锡市人民法院
本院受理原告诉被告追偿权纠纷一案，现依法向你公告送达判决书，自公告之日起经过60日即视为送达。本院受理原告诉被告追偿权纠纷一案，现依法向你公告送达判决书，自公告之日起经过60日即视为送达。
苏州市吴中区人民法院
本院受理原告诉被告物业服务合同纠纷一案，现依法向你公告送达起诉状副本及开庭传票。本院受理原告诉被告物业服务合同纠纷一案，现依法向你公告送达起诉状副本及开庭传票。
江苏省昆山市人民法院
本院受理原告诉被告买卖合同纠纷一案，现依法向你公告送达起诉状副本及应诉通知书。本院受理原告诉被告买卖合同纠纷一案，现依法向你公告送达起诉状副本及应诉通知书。
苏州市相城区人民法院
本院受理原告诉被告服务合同纠纷一案，现依法向你公告送达诉讼文书。本院受理原告诉被告服务合同纠纷一案，现依法向你公告送达诉讼文书。
本院受理原告诉被告信用卡纠纷一案，现依法向你公告送达起诉状副本、应诉通知书、举证通知书及开庭传票。本院受理原告诉被告信用卡纠纷一案，现依法向你公告送达起诉状副本、应诉通知书、举证通知书及开庭传票。
江苏省无锡市人民法院
本院受理原告诉被告追偿权纠纷一案，现依法向你公告送达判决书，自公告之日起经过60日即视为送达。本院受理原告诉被告追偿权纠纷一案，现依法向你公告送达判决书，自公告之日起经过60日即视为送达。
苏州市吴中区人民法院
本院受理原告诉被告物业服务合同纠纷一案，现依法向你公告送达起诉状副本及开庭传票。本院受理原告诉被告物业服务合同纠纷一案，现依法向你公告送达起诉状副本及开庭传票。
江苏省昆山市人民法院
本院受理原告诉被告买卖合同纠纷一案，现依法向你公告送达起诉状副本及应诉通知书。本院受理原告诉被告买卖合同纠纷一案，现依法向你公告送达起诉状副本及应诉通知书。
苏州市相城区人民法院
本院受理原告诉被告服务合同纠纷一案，现依法向你公告送达诉讼文书。本院受理原告诉被告服务合同纠纷一案，现依法向你公告送达诉讼文书。
本院受理原告诉被告信用卡纠纷一案，现依法向你公告送达起诉状副本、应诉通知书、举证通知书及开庭传票。本院受理原告诉被告信用卡纠纷一案，现依法向你公告送达起诉状副本、应诉通知书、举证通知书及开庭传票。
江苏省无锡市人民法院
本院受理原告诉被告追偿权纠纷一案，现依法向你公告送达判决书，自公告之日起经过60日即视为送达。本院受理原告诉被告追偿权纠纷一案，现依法向你公告送达判决书，自公告之日起经过60日即视为送达。
苏州市吴中区人民法院
本院受理原告诉被告物业服务合同纠纷一案，现依法向你公告送达起诉状副本及开庭传票。本院受理原告诉被告物业服务合同纠纷一案，现依法向你公告送达起诉状副本及开庭传票。
江苏省昆山市人民法院
本院受理原告诉被告买卖合同纠纷一案，现依法向你公告送达起诉状副本及应诉通知书。本院受理原告诉被告买卖合同纠纷一案，现依法向你公告送达起诉状副本及应诉通知书。
苏州市相城区人民法院
本院受理原告诉被告服务合同纠纷一案，现依法向你公告送达诉讼文书。本院受理原告诉被告服务合同纠纷一案，现依法向你公告送达诉讼文书。
公告专栏
魏东海：本院受理原告诉被告民间借贷纠纷一案，现依法向你公告送达起诉状副本、应诉通知书、举证通知书及开庭传票。
江苏省泰兴市人民法院
本院受理原告诉被告建设工程施工合同纠纷一案，现依法向你公告送达起诉状副本及开庭传票。
减资公告
本公司经股东会决议，拟减少注册资本，请债权人自本公告之日起四十五日内向本公司申报债权。
注销公告
本公司经股东决定解散，已成立清算组，请债权人自本公告之日起四十五日内向清算组申报债权。
遗失声明
本单位不慎遗失开户许可证，特此声明作废。
魏东海：本院受理原告诉被告民间借贷纠纷一案，现依法向你公告送达起诉状副本、应诉通知书、举证通知书及开庭传票。魏东海：本院受理原告诉被告民间借贷纠纷一案，现依法向你公告送达起诉状副本、应诉通知书、举证通知书及开庭传票。
江苏省泰兴市人民法院
本院受理原告诉被告建设工程施工合同纠纷一案，现依法向你公告送达起诉状副本及开庭传票。本院受理原告诉被告建设工程施工合同纠纷一案，现依法向你公告送达起诉状副本及开庭传票。
减资公告
本公司经股东会决议，拟减少注册资本，请债权人自本公告之日起四十五日内向本公司申报债权。本公司经股东会决议，拟减少注册资本，请债权人自本公告之日起四十五日内向本公司申报债权。
注销公告
本公司经股东决定解散，已成立清算组，请债权人自本公告之日起四十五日内向清算组申报债权。本公司经股东决定解散，已成立清算组，请债权人自本公告之日起四十五日内向清算组申报债权。
遗失声明
本单位不慎遗失开户许可证，特此声明作废。本单位不慎遗失开户许可证，特此声明作废。
魏东海：本院受理原告诉被告民间借贷纠纷一案，现依法向你公告送达起诉状副本、应诉通知书、举证通知书及开庭传票。魏东海：本院受理原告诉被告民间借贷纠纷一案，现依法向你公告送达起诉状副本、应诉通知书、举证通知书及开庭传票。
江苏省泰兴市人民法院
本院受理原告诉被告建设工程施工合同纠纷一案，现依法向你公告送达起诉状副本及开庭传票。本院受理原告诉被告建设工程施工合同纠纷一案，现依法向你公告送达起诉状副本及开庭传票。
减资公告
本公司经股东会决议，拟减少注册资本，请债权人自本公告之日起四十五日内向本公司申报债权。本公司经股东会决议，拟减少注册资本，请债权人自本公告之日起四十五日内向本公司申报债权。
注销公告
本公司经股东决定解散，已成立清算组，请债权人自本公告之日起四十五日内向清算组申报债权。本公司经股东决定解散，已成立清算组，请债权人自本公告之日起四十五日内向清算组申报债权。
遗失声明
本单位不慎遗失开户许可证，特此声明作废。本单位不慎遗失开户许可证，特此声明作废。
魏东海：本院受理原告诉被告民间借贷纠纷一案，现依法向你公告送达起诉状副本、应诉通知书、举证通知书及开庭传票。魏东海：本院受理原告诉被告民间借贷纠纷一案，现依法向你公告送达起诉状副本、应诉通知书、举证通知书及开庭传票。
江苏省泰兴市人民法院
本院受理原告诉被告建设工程施工合同纠纷一案，现依法向你公告送达起诉状副本及开庭传票。本院受理原告诉被告建设工程施工合同纠纷一案，现依法向你公告送达起诉状副本及开庭传票。
减资公告
本公司经股东会决议，拟减少注册资本，请债权人自本公告之日起四十五日内向本公司申报债权。本公司经股东会决议，拟减少注册资本，请债权人自本公告之日起四十五日内向本公司申报债权。
注销公告
本公司经股东决定解散，已成立清算组，请债权人自本公告之日起四十五日内向清算组申报债权。本公司经股东决定解散，已成立清算组，请债权人自本公告之日起四十五日内向清算组申报债权。
遗失声明
本单位不慎遗失开户许可证，特此声明作废。本单位不慎遗失开户许可证，特此声明作废。
魏东海：本院受理原告诉被告民间借贷纠纷一案，现依法向你公告送达起诉状副本、应诉通知书、举证通知书及开庭传票。魏东海：本院受理原告诉被告民间借贷纠纷一案，现依法向你公告送达起诉状副本、应诉通知书、举证通知书及开庭传票。
江苏省泰兴市人民法院
本院受理原告诉被告建设工程施工合同纠纷一案，现依法向你公告送达起诉状副本及开庭传票。本院受理原告诉被告建设工程施工合同纠纷一案，现依法向你公告送达起诉状副本及开庭传票。
减资公告
本公司经股东会决议，拟减少注册资本，请债权人自本公告之日起四十五日内向本公司申报债权。本公司经股东会决议，拟减少注册资本，请债权人自本公告之日起四十五日内向本公司申报债权。
注销公告
本公司经股东决定解散，已成立清算组，请债权人自本公告之日起四十五日内向清算组申报债权。本公司经股东决定解散，已成立清算组，请债权人自本公告之日起四十五日内向清算组申报债权。
遗失声明
本单位不慎遗失开户许可证，特此声明作废。本单位不慎遗失开户许可证，特此声明作废。
魏东海：本院受理原告诉被告民间借贷纠纷一案，现依法向你公告送达起诉状副本、应诉通知书、举证通知书及开庭传票。魏东海：本院受理原告诉被告民间借贷纠纷一案，现依法向你公告送达起诉状副本、应诉通知书、举证通知书及开庭传票。
江苏省泰兴市人民法院
本院受理原告诉被告建设工程施工合同纠纷一案，现依法向你公告送达起诉状副本及开庭传票。本院受理原告诉被告建设工程施工合同纠纷一案，现依法向你公告送达起诉状副本及开庭传票。
减资公告
本公司经股东会决议，拟减少注册资本，请债权人自本公告之日起四十五日内向本公司申报债权。本公司经股东会决议，拟减少注册资本，请债权人自本公告之日起四十五日内向本公司申报债权。
注销公告
本公司经股东决定解散，已成立清算组，请债权人自本公告之日起四十五日内向清算组申报债权。本公司经股东决定解散，已成立清算组，请债权人自本公告之日起四十五日内向清算组申报债权。
遗失声明
本单位不慎遗失开户许可证，特此声明作废。本单位不慎遗失开户许可证，特此声明作废。
魏东海：本院受理原告诉被告民间借贷纠纷一案，现依法向你公告送达起诉状副本、应诉通知书、举证通知书及开庭传票。魏东海：本院受理原告诉被告民间借贷纠纷一案，现依法向你公告送达起诉状副本、应诉通知书、举证通知书及开庭传票。
江苏省泰兴市人民法院
本院受理原告诉被告建设工程施工合同纠纷一案，现依法向你公告送达起诉状副本及开庭传票。本院受理原告诉被告建设工程施工合同纠纷一案，现依法向你公告送达起诉状副本及开庭传票。
减资公告
本公司经股东会决议，拟减少注册资本，请债权人自本公告之日起四十五日内向本公司申报债权。本公司经股东会决议，拟减少注册资本，请债权人自本公告之日起四十五日内向本公司申报债权。
注销公告
本公司经股东决定解散，已成立清算组，请债权人自本公告之日起四十五日内向清算组申报债权。本公司经股东决定解散，已成立清算组，请债权人自本公告之日起四十五日内向清算组申报债权。
遗失声明
本单位不慎遗失开户许可证，特此声明作废。本单位不慎遗失开户许可证，特此声明作废。
魏东海：本院受理原告诉被告民间借贷纠纷一案，现依法向你公告送达起诉状副本、应诉通知书、举证通知书及开庭传票。魏东海：本院受理原告诉被告民间借贷纠纷一案，现依法向你公告送达起诉状副本、应诉通知书、举证通知书及开庭传票。
江苏省泰兴市人民法院
本院受理原告诉被告建设工程施工合同纠纷一案，现依法向你公告送达起诉状副本及开庭传票。本院受理原告诉被告建设工程施工合同纠纷一案，现依法向你公告送达起诉状副本及开庭传票。
减资公告
本公司经股东会决议，拟减少注册资本，请债权人自本公告之日起四十五日内向本公司申报债权。本公司经股东会决议，拟减少注册资本，请债权人自本公告之日起四十五日内向本公司申报债权。
注销公告
本公司经股东决定解散，已成立清算组，请债权人自本公告之日起四十五日内向清算组申报债权。本公司经股东决定解散，已成立清算组，请债权人自本公告之日起四十五日内向清算组申报债权。
遗失声明
本单位不慎遗失开户许可证，特此声明作废。本单位不慎遗失开户许可证，特此声明作废。
魏东海：本院受理原告诉被告民间借贷纠纷一案，现依法向你公告送达起诉状副本、应诉通知书、举证通知书及开庭传票。魏东海：本院受理原告诉被告民间借贷纠纷一案，现依法向你公告送达起诉状副本、应诉通知书、举证通知书及开庭传票。
江苏省泰兴市人民法院
本院受理原告诉被告建设工程施工合同纠纷一案，现依法向你公告送达起诉状副本及开庭传票。本院受理原告诉被告建设工程施工合同纠纷一案，现依法向你公告送达起诉状副本及开庭传票。
减资公告
本公司经股东会决议，拟减少注册资本，请债权人自本公告之日起四十五日内向本公司申报债权。本公司经股东会决议，拟减少注册资本，请债权人自本公告之日起四十五日内向本公司申报债权。
注销公告
本公司经股东决定解散，已成立清算组，请债权人自本公告之日起四十五日内向清算组申报债权。本公司经股东决定解散，已成立清算组，请债权人自本公告之日起四十五日内向清算组申报债权。
遗失声明
本单位不慎遗失开户许可证，特此声明作废。本单位不慎遗失开户许可证，特此声明作废。
魏东海：本院受理原告诉被告民间借贷纠纷一案，现依法向你公告送达起诉状副本、应诉通知书、举证通知书及开庭传票。魏东海：本院受理原告诉被告民间借贷纠纷一案，现依法向你公告送达起诉状副本、应诉通知书、举证通知书及开庭传票。
江苏省泰兴市人民法院
本院受理原告诉被告建设工程施工合同纠纷一案，现依法向你公告送达起诉状副本及开庭传票。本院受理原告诉被告建设工程施工合同纠纷一案，现依法向你公告送达起诉状副本及开庭传票。
减资公告
本公司经股东会决议，拟减少注册资本，请债权人自本公告之日起四十五日内向本公司申报债权。本公司经股东会决议，拟减少注册资本，请债权人自本公告之日起四十五日内向本公司申报债权。
注销公告
本公司经股东决定解散，已成立清算组，请债权人自本公告之日起四十五日内向清算组申报债权。本公司经股东决定解散，已成立清算组，请债权人自本公告之日起四十五日内向清算组申报债权。
遗失声明
本单位不慎遗失开户许可证，特此声明作废。本单位不慎遗失开户许可证，特此声明作废。
魏东海：本院受理原告诉被告民间借贷纠纷一案，现依法向你公告送达起诉状副本、应诉通知书、举证通知书及开庭传票。魏东海：本院受理原告诉被告民间借贷纠纷一案，现依法向你公告送达起诉状副本、应诉通知书、举证通知书及开庭传票。
江苏省泰兴市人民法院
本院受理原告诉被告建设工程施工合同纠纷一案，现依法向你公告送达起诉状副本及开庭传票。本院受理原告诉被告建设工程施工合同纠纷一案，现依法向你公告送达起诉状副本及开庭传票。
减资公告
本公司经股东会决议，拟减少注册资本，请债权人自本公告之日起四十五日内向本公司申报债权。本公司经股东会决议，拟减少注册资本，请债权人自本公告之日起四十五日内向本公司申报债权。
注销公告
本公司经股东决定解散，已成立清算组，请债权人自本公告之日起四十五日内向清算组申报债权。本公司经股东决定解散，已成立清算组，请债权人自本公告之日起四十五日内向清算组申报债权。
遗失声明
本单位不慎遗失开户许可证，特此声明作废。本单位不慎遗失开户许可证，特此声明作废。
魏东海：本院受理原告诉被告民间借贷纠纷一案，现依法向你公告送达起诉状副本、应诉通知书、举证通知书及开庭传票。魏东海：本院受理原告诉被告民间借贷纠纷一案，现依法向你公告送达起诉状副本、应诉通知书、举证通知书及开庭传票。
江苏省泰兴市人民法院
本院受理原告诉被告建设工程施工合同纠纷一案，现依法向你公告送达起诉状副本及开庭传票。本院受理原告诉被告建设工程施工合同纠纷一案，现依法向你公告送达起诉状副本及开庭传票。
减资公告
本公司经股东会决议，拟减少注册资本，请债权人自本公告之日起四十五日内向本公司申报债权。本公司经股东会决议，拟减少注册资本，请债权人自本公告之日起四十五日内向本公司申报债权。
注销公告
本公司经股东决定解散，已成立清算组，请债权人自本公告之日起四十五日内向清算组申报债权。本公司经股东决定解散，已成立清算组，请债权人自本公告之日起四十五日内向清算组申报债权。
遗失声明
本单位不慎遗失开户许可证，特此声明作废。本单位不慎遗失开户许可证，特此声明作废。
魏东海：本院受理原告诉被告民间借贷纠纷一案，现依法向你公告送达起诉状副本、应诉通知书、举证通知书及开庭传票。魏东海：本院受理原告诉被告民间借贷纠纷一案，现依法向你公告送达起诉状副本、应诉通知书、举证通知书及开庭传票。
江苏省泰兴市人民法院
本院受理原告诉被告建设工程施工合同纠纷一案，现依法向你公告送达起诉状副本及开庭传票。本院受理原告诉被告建设工程施工合同纠纷一案，现依法向你公告送达起诉状副本及开庭传票。
减资公告
本公司经股东会决议，拟减少注册资本，请债权人自本公告之日起四十五日内向本公司申报债权。本公司经股东会决议，拟减少注册资本，请债权人自本公告之日起四十五日内向本公司申报债权。
注销公告
本公司经股东决定解散，已成立清算组，请债权人自本公告之日起四十五日内向清算组申报债权。本公司经股东决定解散，已成立清算组，请债权人自本公告之日起四十五日内向清算组申报债权。
遗失声明
本单位不慎遗失开户许可证，特此声明作废。本单位不慎遗失开户许可证，特此声明作废。
魏东海：本院受理原告诉被告民间借贷纠纷一案，现依法向你公告送达起诉状副本、应诉通知书、举证通知书及开庭传票。魏东海：本院受理原告诉被告民间借贷纠纷一案，现依法向你公告送达起诉状副本、应诉通知书、举证通知书及开庭传票。
江苏省泰兴市人民法院
本院受理原告诉被告建设工程施工合同纠纷一案，现依法向你公告送达起诉状副本及开庭传票。本院受理原告诉被告建设工程施工合同纠纷一案，现依法向你公告送达起诉状副本及开庭传票。
减资公告
本公司经股东会决议，拟减少注册资本，请债权人自本公告之日起四十五日内向本公司申报债权。本公司经股东会决议，拟减少注册资本，请债权人自本公告之日起四十五日内向本公司申报债权。
注销公告
本公司经股东决定解散，已成立清算组，请债权人自本公告之日起四十五日内向清算组申报债权。本公司经股东决定解散，已成立清算组，请债权人自本公告之日起四十五日内向清算组申报债权。
遗失声明
本单位不慎遗失开户许可证，特此声明作废。本单位不慎遗失开户许可证，特此声明作废。
魏东海：本院受理原告诉被告民间借贷纠纷一案，现依法向你公告送达起诉状副本、应诉通知书、举证通知书及开庭传票。魏东海：本院受理原告诉被告民间借贷纠纷一案，现依法向你公告送达起诉状副本、应诉通知书、举证通知书及开庭传票。
江苏省泰兴市人民法院
本院受理原告诉被告建设工程施工合同纠纷一案，现依法向你公告送达起诉状副本及开庭传票。本院受理原告诉被告建设工程施工合同纠纷一案，现依法向你公告送达起诉状副本及开庭传票。
减资公告
本公司经股东会决议，拟减少注册资本，请债权人自本公告之日起四十五日内向本公司申报债权。本公司经股东会决议，拟减少注册资本，请债权人自本公告之日起四十五日内向本公司申报债权。
注销公告
本公司经股东决定解散，已成立清算组，请债权人自本公告之日起四十五日内向清算组申报债权。本公司经股东决定解散，已成立清算组，请债权人自本公告之日起四十五日内向清算组申报债权。
遗失声明
本单位不慎遗失开户许可证，特此声明作废。本单位不慎遗失开户许可证，特此声明作废。
